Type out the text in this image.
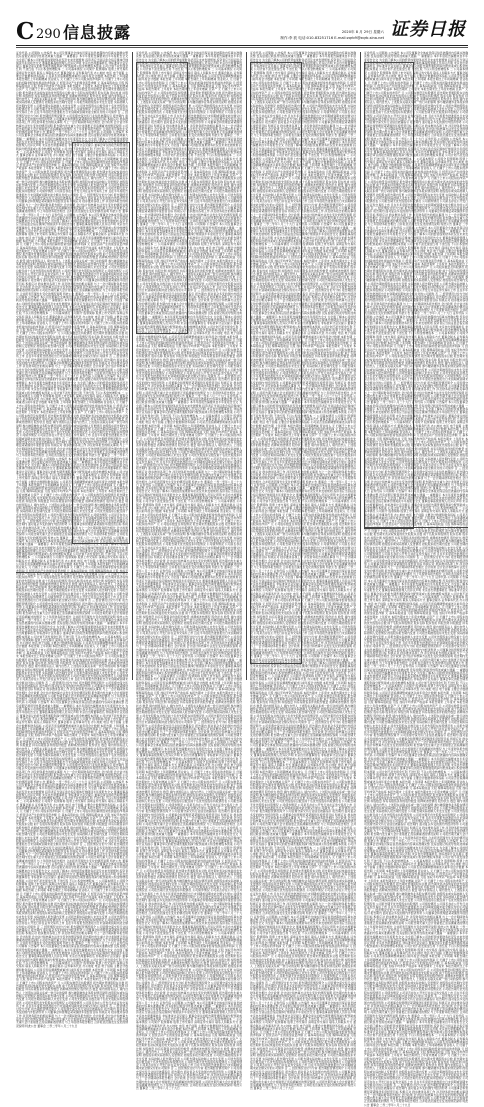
C 290 信息披露	2020年 8 月 29日 星期六
制作:李 波 电话:010-83251716 E-mail:zqrb9@zqrb.sina.net 证券日报
证券代码 公司简称 公告编号 本公司及董事会全体成员保证信息披露的内容真实准确完整 没有虚假记载误导性陈述或重大遗漏 一 重要提示 本半年度报告摘要来自半年度报告全文 为全面了解本公司的经营成果财务状况及未来发展规划 投资者应当到证监会指定媒体仔细阅读半年度报告全文 董事监事高级管理人员异议声明 未亲自出席董事姓名 非标准审计意见提示 董事会审议的报告期普通股利润分配预案或公积金转增股本预案 公司计划不派发现金红利 不送红股 不以公积金转增股本 二 公司基本情况 公司简介 股票简称 股票上市交易所 深圳证券交易所 联系人和联系方式 董事会秘书 证券事务代表 办公地址 电话 电子信箱 主要会计数据和财务指标 公司是否需追溯调整或重述以前年度会计数据 本报告期 上年同期 本报告期比上年同期增减 营业收入 元 归属于上市公司股东的净利润 元 归属于上市公司股东的扣除非经常性损益的净利润 元 经营活动产生的现金流量净额 元 基本每股收益 元股 稀释每股收益 元股 加权平均净资产收益率 本报告期末 上年度末 本报告期末比上年度末增减 总资产 元 归属于上市公司股东的净资产 元 公司股东数量及持股情况 报告期末普通股股东总数 报告期末表决权恢复的优先股股东总数 前十名股东持股情况 股东名称 股东性质 持股比例 持股数量 持有有限售条件的股份数量 质押或冻结情况 股份状态 数量 境内非国有法人 境内自然人 上述股东关联关系或一致行动的说明 参与融资融券业务股东情况说明 控股股东或实际控制人变更情况 控股股东报告期内变更 公司报告期控股股东未发生变更 实际控制人报告期内变更 公司报告期实际控制人未发生变更 公司优先股股东总数及前十名优先股股东持股情况表 公司报告期无优先股股东持股情况 公司债券情况 公司是否存在公开发行并在证券交易所上市 且在半年度报告批准报出日未到期或到期未能全额兑付的公司债券 否 三 经营情况讨论与分析 报告期经营情况简介 公司需遵守深交所行业信息披露指引 报告期内 面对复杂多变的国内外经济形势 公司董事会和管理层紧紧围绕年度经营目标 积极应对 稳步推进各项工作 涉及财务报告的相关事项 与上一会计期间财务报告相比 会计政策 会计估计和核算方法发生变化的情况说明 报告期内发生重大会计差错更正需追溯重述的情况说明 公司报告期无重大会计差错更正需追溯重述的情况 与上年度财务报告相比 合并报表范围发生变化的情况说明 特此公告 董事会 二零二零年八月二十九日 证券代码 公司简称 公告编号 本公司及董事会全体成员保证信息披露的内容真实准确完整 没有虚假记载误导性陈述或重大遗漏 一 重要提示 本半年度报告摘要来自半年度报告全文 为全面了解本公司的经营成果财务状况及未来发展规划 投资者应当到证监会指定媒体仔细阅读半年度报告全文 董事监事高级管理人员异议声明 未亲自出席董事姓名 非标准审计意见提示 董事会审议的报告期普通股利润分配预案或公积金转增股本预案 公司计划不派发现金红利 不送红股 不以公积金转增股本 二 公司基本情况 公司简介 股票简称 股票上市交易所 深圳证券交易所 联系人和联系方式 董事会秘书 证券事务代表 办公地址 电话 电子信箱 主要会计数据和财务指标 公司是否需追溯调整或重述以前年度会计数据 本报告期 上年同期 本报告期比上年同期增减 营业收入 元 归属于上市公司股东的净利润 元 归属于上市公司股东的扣除非经常性损益的净利润 元 经营活动产生的现金流量净额 元 基本每股收益 元股 稀释每股收益 元股 加权平均净资产收益率 本报告期末 上年度末 本报告期末比上年度末增减 总资产 元 归属于上市公司股东的净资产 元 公司股东数量及持股情况 报告期末普通股股东总数 报告期末表决权恢复的优先股股东总数 前十名股东持股情况 股东名称 股东性质 持股比例 持股数量 持有有限售条件的股份数量 质押或冻结情况 股份状态 数量 境内非国有法人 境内自然人 上述股东关联关系或一致行动的说明 参与融资融券业务股东情况说明 控股股东或实际控制人变更情况 控股股东报告期内变更 公司报告期控股股东未发生变更 实际控制人报告期内变更 公司报告期实际控制人未发生变更 公司优先股股东总数及前十名优先股股东持股情况表 公司报告期无优先股股东持股情况 公司债券情况 公司是否存在公开发行并在证券交易所上市 且在半年度报告批准报出日未到期或到期未能全额兑付的公司债券 否 三 经营情况讨论与分析 报告期经营情况简介 公司需遵守深交所行业信息披露指引 报告期内 面对复杂多变的国内外经济形势 公司董事会和管理层紧紧围绕年度经营目标 积极应对 稳步推进各项工作 涉及财务报告的相关事项 与上一会计期间财务报告相比 会计政策 会计估计和核算方法发生变化的情况说明 报告期内发生重大会计差错更正需追溯重述的情况说明 公司报告期无重大会计差错更正需追溯重述的情况 与上年度财务报告相比 合并报表范围发生变化的情况说明 特此公告 董事会 二零二零年八月二十九日 证券代码 公司简称 公告编号 本公司及董事会全体成员保证信息披露的内容真实准确完整 没有虚假记载误导性陈述或重大遗漏 一 重要提示 本半年度报告摘要来自半年度报告全文 为全面了解本公司的经营成果财务状况及未来发展规划 投资者应当到证监会指定媒体仔细阅读半年度报告全文 董事监事高级管理人员异议声明 未亲自出席董事姓名 非标准审计意见提示 董事会审议的报告期普通股利润分配预案或公积金转增股本预案 公司计划不派发现金红利 不送红股 不以公积金转增股本 二 公司基本情况 公司简介 股票简称 股票上市交易所 深圳证券交易所 联系人和联系方式 董事会秘书 证券事务代表 办公地址 电话 电子信箱 主要会计数据和财务指标 公司是否需追溯调整或重述以前年度会计数据 本报告期 上年同期 本报告期比上年同期增减 营业收入 元 归属于上市公司股东的净利润 元 归属于上市公司股东的扣除非经常性损益的净利润 元 经营活动产生的现金流量净额 元 基本每股收益 元股 稀释每股收益 元股 加权平均净资产收益率 本报告期末 上年度末 本报告期末比上年度末增减 总资产 元 归属于上市公司股东的净资产 元 公司股东数量及持股情况 报告期末普通股股东总数 报告期末表决权恢复的优先股股东总数 前十名股东持股情况 股东名称 股东性质 持股比例 持股数量 持有有限售条件的股份数量 质押或冻结情况 股份状态 数量 境内非国有法人 境内自然人 上述股东关联关系或一致行动的说明 参与融资融券业务股东情况说明 控股股东或实际控制人变更情况 控股股东报告期内变更 公司报告期控股股东未发生变更 实际控制人报告期内变更 公司报告期实际控制人未发生变更 公司优先股股东总数及前十名优先股股东持股情况表 公司报告期无优先股股东持股情况 公司债券情况 公司是否存在公开发行并在证券交易所上市 且在半年度报告批准报出日未到期或到期未能全额兑付的公司债券 否 三 经营情况讨论与分析 报告期经营情况简介 公司需遵守深交所行业信息披露指引 报告期内 面对复杂多变的国内外经济形势 公司董事会和管理层紧紧围绕年度经营目标 积极应对 稳步推进各项工作 涉及财务报告的相关事项 与上一会计期间财务报告相比 会计政策 会计估计和核算方法发生变化的情况说明 报告期内发生重大会计差错更正需追溯重述的情况说明 公司报告期无重大会计差错更正需追溯重述的情况 与上年度财务报告相比 合并报表范围发生变化的情况说明 特此公告 董事会 二零二零年八月二十九日 证券代码 公司简称 公告编号 本公司及董事会全体成员保证信息披露的内容真实准确完整 没有虚假记载误导性陈述或重大遗漏 一 重要提示 本半年度报告摘要来自半年度报告全文 为全面了解本公司的经营成果财务状况及未来发展规划 投资者应当到证监会指定媒体仔细阅读半年度报告全文 董事监事高级管理人员异议声明 未亲自出席董事姓名 非标准审计意见提示 董事会审议的报告期普通股利润分配预案或公积金转增股本预案 公司计划不派发现金红利 不送红股 不以公积金转增股本 二 公司基本情况 公司简介 股票简称 股票上市交易所 深圳证券交易所 联系人和联系方式 董事会秘书 证券事务代表 办公地址 电话 电子信箱 主要会计数据和财务指标 公司是否需追溯调整或重述以前年度会计数据 本报告期 上年同期 本报告期比上年同期增减 营业收入 元 归属于上市公司股东的净利润 元 归属于上市公司股东的扣除非经常性损益的净利润 元 经营活动产生的现金流量净额 元 基本每股收益 元股 稀释每股收益 元股 加权平均净资产收益率 本报告期末 上年度末 本报告期末比上年度末增减 总资产 元 归属于上市公司股东的净资产 元 公司股东数量及持股情况 报告期末普通股股东总数 报告期末表决权恢复的优先股股东总数 前十名股东持股情况 股东名称 股东性质 持股比例 持股数量 持有有限售条件的股份数量 质押或冻结情况 股份状态 数量 境内非国有法人 境内自然人 上述股东关联关系或一致行动的说明 参与融资融券业务股东情况说明 控股股东或实际控制人变更情况 控股股东报告期内变更 公司报告期控股股东未发生变更 实际控制人报告期内变更 公司报告期实际控制人未发生变更 公司优先股股东总数及前十名优先股股东持股情况表 公司报告期无优先股股东持股情况 公司债券情况 公司是否存在公开发行并在证券交易所上市 且在半年度报告批准报出日未到期或到期未能全额兑付的公司债券 否 三 经营情况讨论与分析 报告期经营情况简介 公司需遵守深交所行业信息披露指引 报告期内 面对复杂多变的国内外经济形势 公司董事会和管理层紧紧围绕年度经营目标 积极应对 稳步推进各项工作 涉及财务报告的相关事项 与上一会计期间财务报告相比 会计政策 会计估计和核算方法发生变化的情况说明 报告期内发生重大会计差错更正需追溯重述的情况说明 公司报告期无重大会计差错更正需追溯重述的情况 与上年度财务报告相比 合并报表范围发生变化的情况说明 特此公告 董事会 二零二零年八月二十九日 证券代码 公司简称 公告编号 本公司及董事会全体成员保证信息披露的内容真实准确完整 没有虚假记载误导性陈述或重大遗漏 一 重要提示 本半年度报告摘要来自半年度报告全文 为全面了解本公司的经营成果财务状况及未来发展规划 投资者应当到证监会指定媒体仔细阅读半年度报告全文 董事监事高级管理人员异议声明 未亲自出席董事姓名 非标准审计意见提示 董事会审议的报告期普通股利润分配预案或公积金转增股本预案 公司计划不派发现金红利 不送红股 不以公积金转增股本 二 公司基本情况 公司简介 股票简称 股票上市交易所 深圳证券交易所 联系人和联系方式 董事会秘书 证券事务代表 办公地址 电话 电子信箱 主要会计数据和财务指标 公司是否需追溯调整或重述以前年度会计数据 本报告期 上年同期 本报告期比上年同期增减 营业收入 元 归属于上市公司股东的净利润 元 归属于上市公司股东的扣除非经常性损益的净利润 元 经营活动产生的现金流量净额 元 基本每股收益 元股 稀释每股收益 元股 加权平均净资产收益率 本报告期末 上年度末 本报告期末比上年度末增减 总资产 元 归属于上市公司股东的净资产 元 公司股东数量及持股情况 报告期末普通股股东总数 报告期末表决权恢复的优先股股东总数 前十名股东持股情况 股东名称 股东性质 持股比例 持股数量 持有有限售条件的股份数量 质押或冻结情况 股份状态 数量 境内非国有法人 境内自然人 上述股东关联关系或一致行动的说明 参与融资融券业务股东情况说明 控股股东或实际控制人变更情况 控股股东报告期内变更 公司报告期控股股东未发生变更 实际控制人报告期内变更 公司报告期实际控制人未发生变更 公司优先股股东总数及前十名优先股股东持股情况表 公司报告期无优先股股东持股情况 公司债券情况 公司是否存在公开发行并在证券交易所上市 且在半年度报告批准报出日未到期或到期未能全额兑付的公司债券 否 三 经营情况讨论与分析 报告期经营情况简介 公司需遵守深交所行业信息披露指引 报告期内 面对复杂多变的国内外经济形势 公司董事会和管理层紧紧围绕年度经营目标 积极应对 稳步推进各项工作 涉及财务报告的相关事项 与上一会计期间财务报告相比 会计政策 会计估计和核算方法发生变化的情况说明 报告期内发生重大会计差错更正需追溯重述的情况说明 公司报告期无重大会计差错更正需追溯重述的情况 与上年度财务报告相比 合并报表范围发生变化的情况说明 特此公告 董事会 二零二零年八月二十九日 证券代码 公司简称 公告编号 本公司及董事会全体成员保证信息披露的内容真实准确完整 没有虚假记载误导性陈述或重大遗漏 一 重要提示 本半年度报告摘要来自半年度报告全文 为全面了解本公司的经营成果财务状况及未来发展规划 投资者应当到证监会指定媒体仔细阅读半年度报告全文 董事监事高级管理人员异议声明 未亲自出席董事姓名 非标准审计意见提示 董事会审议的报告期普通股利润分配预案或公积金转增股本预案 公司计划不派发现金红利 不送红股 不以公积金转增股本 二 公司基本情况 公司简介 股票简称 股票上市交易所 深圳证券交易所 联系人和联系方式 董事会秘书 证券事务代表 办公地址 电话 电子信箱 主要会计数据和财务指标 公司是否需追溯调整或重述以前年度会计数据 本报告期 上年同期 本报告期比上年同期增减 营业收入 元 归属于上市公司股东的净利润 元 归属于上市公司股东的扣除非经常性损益的净利润 元 经营活动产生的现金流量净额 元 基本每股收益 元股 稀释每股收益 元股 加权平均净资产收益率 本报告期末 上年度末 本报告期末比上年度末增减 总资产 元 归属于上市公司股东的净资产 元 公司股东数量及持股情况 报告期末普通股股东总数 报告期末表决权恢复的优先股股东总数 前十名股东持股情况 股东名称 股东性质 持股比例 持股数量 持有有限售条件的股份数量 质押或冻结情况 股份状态 数量 境内非国有法人 境内自然人 上述股东关联关系或一致行动的说明 参与融资融券业务股东情况说明 控股股东或实际控制人变更情况 控股股东报告期内变更 公司报告期控股股东未发生变更 实际控制人报告期内变更 公司报告期实际控制人未发生变更 公司优先股股东总数及前十名优先股股东持股情况表 公司报告期无优先股股东持股情况 公司债券情况 公司是否存在公开发行并在证券交易所上市 且在半年度报告批准报出日未到期或到期未能全额兑付的公司债券 否 三 经营情况讨论与分析 报告期经营情况简介 公司需遵守深交所行业信息披露指引 报告期内 面对复杂多变的国内外经济形势 公司董事会和管理层紧紧围绕年度经营目标 积极应对 稳步推进各项工作 涉及财务报告的相关事项 与上一会计期间财务报告相比 会计政策 会计估计和核算方法发生变化的情况说明 报告期内发生重大会计差错更正需追溯重述的情况说明 公司报告期无重大会计差错更正需追溯重述的情况 与上年度财务报告相比 合并报表范围发生变化的情况说明 特此公告 董事会 二零二零年八月二十九日 证券代码 公司简称 公告编号 本公司及董事会全体成员保证信息披露的内容真实准确完整 没有虚假记载误导性陈述或重大遗漏 一 重要提示 本半年度报告摘要来自半年度报告全文 为全面了解本公司的经营成果财务状况及未来发展规划 投资者应当到证监会指定媒体仔细阅读半年度报告全文 董事监事高级管理人员异议声明 未亲自出席董事姓名 非标准审计意见提示 董事会审议的报告期普通股利润分配预案或公积金转增股本预案 公司计划不派发现金红利 不送红股 不以公积金转增股本 二 公司基本情况 公司简介 股票简称 股票上市交易所 深圳证券交易所 联系人和联系方式 董事会秘书 证券事务代表 办公地址 电话 电子信箱 主要会计数据和财务指标 公司是否需追溯调整或重述以前年度会计数据 本报告期 上年同期 本报告期比上年同期增减 营业收入 元 归属于上市公司股东的净利润 元 归属于上市公司股东的扣除非经常性损益的净利润 元 经营活动产生的现金流量净额 元 基本每股收益 元股 稀释每股收益 元股 加权平均净资产收益率 本报告期末 上年度末 本报告期末比上年度末增减 总资产 元 归属于上市公司股东的净资产 元 公司股东数量及持股情况 报告期末普通股股东总数 报告期末表决权恢复的优先股股东总数 前十名股东持股情况 股东名称 股东性质 持股比例 持股数量 持有有限售条件的股份数量 质押或冻结情况 股份状态 数量 境内非国有法人 境内自然人 上述股东关联关系或一致行动的说明 参与融资融券业务股东情况说明 控股股东或实际控制人变更情况 控股股东报告期内变更 公司报告期控股股东未发生变更 实际控制人报告期内变更 公司报告期实际控制人未发生变更 公司优先股股东总数及前十名优先股股东持股情况表 公司报告期无优先股股东持股情况 公司债券情况 公司是否存在公开发行并在证券交易所上市 且在半年度报告批准报出日未到期或到期未能全额兑付的公司债券 否 三 经营情况讨论与分析 报告期经营情况简介 公司需遵守深交所行业信息披露指引 报告期内 面对复杂多变的国内外经济形势 公司董事会和管理层紧紧围绕年度经营目标 积极应对 稳步推进各项工作 涉及财务报告的相关事项 与上一会计期间财务报告相比 会计政策 会计估计和核算方法发生变化的情况说明 报告期内发生重大会计差错更正需追溯重述的情况说明 公司报告期无重大会计差错更正需追溯重述的情况 与上年度财务报告相比 合并报表范围发生变化的情况说明 特此公告 董事会 二零二零年八月二十九日 证券代码 公司简称 公告编号 本公司及董事会全体成员保证信息披露的内容真实准确完整 没有虚假记载误导性陈述或重大遗漏 一 重要提示 本半年度报告摘要来自半年度报告全文 为全面了解本公司的经营成果财务状况及未来发展规划 投资者应当到证监会指定媒体仔细阅读半年度报告全文 董事监事高级管理人员异议声明 未亲自出席董事姓名 非标准审计意见提示 董事会审议的报告期普通股利润分配预案或公积金转增股本预案 公司计划不派发现金红利 不送红股 不以公积金转增股本 二 公司基本情况 公司简介 股票简称 股票上市交易所 深圳证券交易所 联系人和联系方式 董事会秘书 证券事务代表 办公地址 电话 电子信箱 主要会计数据和财务指标 公司是否需追溯调整或重述以前年度会计数据 本报告期 上年同期 本报告期比上年同期增减 营业收入 元 归属于上市公司股东的净利润 元 归属于上市公司股东的扣除非经常性损益的净利润 元 经营活动产生的现金流量净额 元 基本每股收益 元股 稀释每股收益 元股 加权平均净资产收益率 本报告期末 上年度末 本报告期末比上年度末增减 总资产 元 归属于上市公司股东的净资产 元 公司股东数量及持股情况 报告期末普通股股东总数 报告期末表决权恢复的优先股股东总数 前十名股东持股情况 股东名称 股东性质 持股比例 持股数量 持有有限售条件的股份数量 质押或冻结情况 股份状态 数量 境内非国有法人 境内自然人 上述股东关联关系或一致行动的说明 参与融资融券业务股东情况说明 控股股东或实际控制人变更情况 控股股东报告期内变更 公司报告期控股股东未发生变更 实际控制人报告期内变更 公司报告期实际控制人未发生变更 公司优先股股东总数及前十名优先股股东持股情况表 公司报告期无优先股股东持股情况 公司债券情况 公司是否存在公开发行并在证券交易所上市 且在半年度报告批准报出日未到期或到期未能全额兑付的公司债券 否 三 经营情况讨论与分析 报告期经营情况简介 公司需遵守深交所行业信息披露指引 报告期内 面对复杂多变的国内外经济形势 公司董事会和管理层紧紧围绕年度经营目标 积极应对 稳步推进各项工作 涉及财务报告的相关事项 与上一会计期间财务报告相比 会计政策 会计估计和核算方法发生变化的情况说明 报告期内发生重大会计差错更正需追溯重述的情况说明 公司报告期无重大会计差错更正需追溯重述的情况 与上年度财务报告相比 合并报表范围发生变化的情况说明 特此公告 董事会 二零二零年八月二十九日 证券代码 公司简称 公告编号 本公司及董事会全体成员保证信息披露的内容真实准确完整 没有虚假记载误导性陈述或重大遗漏 一 重要提示 本半年度报告摘要来自半年度报告全文 为全面了解本公司的经营成果财务状况及未来发展规划 投资者应当到证监会指定媒体仔细阅读半年度报告全文 董事监事高级管理人员异议声明 未亲自出席董事姓名 非标准审计意见提示 董事会审议的报告期普通股利润分配预案或公积金转增股本预案 公司计划不派发现金红利 不送红股 不以公积金转增股本 二 公司基本情况 公司简介 股票简称 股票上市交易所 深圳证券交易所 联系人和联系方式 董事会秘书 证券事务代表 办公地址 电话 电子信箱 主要会计数据和财务指标 公司是否需追溯调整或重述以前年度会计数据 本报告期 上年同期 本报告期比上年同期增减 营业收入 元 归属于上市公司股东的净利润 元 归属于上市公司股东的扣除非经常性损益的净利润 元 经营活动产生的现金流量净额 元 基本每股收益 元股 稀释每股收益 元股 加权平均净资产收益率 本报告期末 上年度末 本报告期末比上年度末增减 总资产 元 归属于上市公司股东的净资产 元 公司股东数量及持股情况 报告期末普通股股东总数 报告期末表决权恢复的优先股股东总数 前十名股东持股情况 股东名称 股东性质 持股比例 持股数量 持有有限售条件的股份数量 质押或冻结情况 股份状态 数量 境内非国有法人 境内自然人 上述股东关联关系或一致行动的说明 参与融资融券业务股东情况说明 控股股东或实际控制人变更情况 控股股东报告期内变更 公司报告期控股股东未发生变更 实际控制人报告期内变更 公司报告期实际控制人未发生变更 公司优先股股东总数及前十名优先股股东持股情况表 公司报告期无优先股股东持股情况 公司债券情况 公司是否存在公开发行并在证券交易所上市 且在半年度报告批准报出日未到期或到期未能全额兑付的公司债券 否 三 经营情况讨论与分析 报告期经营情况简介 公司需遵守深交所行业信息披露指引 报告期内 面对复杂多变的国内外经济形势 公司董事会和管理层紧紧围绕年度经营目标 积极应对 稳步推进各项工作 涉及财务报告的相关事项 与上一会计期间财务报告相比 会计政策 会计估计和核算方法发生变化的情况说明 报告期内发生重大会计差错更正需追溯重述的情况说明 公司报告期无重大会计差错更正需追溯重述的情况 与上年度财务报告相比 合并报表范围发生变化的情况说明 特此公告 董事会 二零二零年八月二十九日 证券代码 公司简称 公告编号 本公司及董事会全体成员保证信息披露的内容真实准确完整 没有虚假记载误导性陈述或重大遗漏 一 重要提示 本半年度报告摘要来自半年度报告全文 为全面了解本公司的经营成果财务状况及未来发展规划 投资者应当到证监会指定媒体仔细阅读半年度报告全文 董事监事高级管理人员异议声明 未亲自出席董事姓名 非标准审计意见提示 董事会审议的报告期普通股利润分配预案或公积金转增股本预案 公司计划不派发现金红利 不送红股 不以公积金转增股本 二 公司基本情况 公司简介 股票简称 股票上市交易所 深圳证券交易所 联系人和联系方式 董事会秘书 证券事务代表 办公地址 电话 电子信箱 主要会计数据和财务指标 公司是否需追溯调整或重述以前年度会计数据 本报告期 上年同期 本报告期比上年同期增减 营业收入 元 归属于上市公司股东的净利润 元 归属于上市公司股东的扣除非经常性损益的净利润 元 经营活动产生的现金流量净额 元 基本每股收益 元股 稀释每股收益 元股 加权平均净资产收益率 本报告期末 上年度末 本报告期末比上年度末增减 总资产 元 归属于上市公司股东的净资产 元 公司股东数量及持股情况 报告期末普通股股东总数 报告期末表决权恢复的优先股股东总数 前十名股东持股情况 股东名称 股东性质 持股比例 持股数量 持有有限售条件的股份数量 质押或冻结情况 股份状态 数量 境内非国有法人 境内自然人 上述股东关联关系或一致行动的说明 参与融资融券业务股东情况说明 控股股东或实际控制人变更情况 控股股东报告期内变更 公司报告期控股股东未发生变更 实际控制人报告期内变更 公司报告期实际控制人未发生变更 公司优先股股东总数及前十名优先股股东持股情况表 公司报告期无优先股股东持股情况 公司债券情况 公司是否存在公开发行并在证券交易所上市 且在半年度报告批准报出日未到期或到期未能全额兑付的公司债券 否 三 经营情况讨论与分析 报告期经营情况简介 公司需遵守深交所行业信息披露指引 报告期内 面对复杂多变的国内外经济形势 公司董事会和管理层紧紧围绕年度经营目标 积极应对 稳步推进各项工作 涉及财务报告的相关事项 与上一会计期间财务报告相比 会计政策 会计估计和核算方法发生变化的情况说明 报告期内发生重大会计差错更正需追溯重述的情况说明 公司报告期无重大会计差错更正需追溯重述的情况 与上年度财务报告相比 合并报表范围发生变化的情况说明 特此公告 董事会 二零二零年八月二十九日 证券代码 公司简称 公告编号 本公司及董事会全体成员保证信息披露的内容真实准确完整 没有虚假记载误导性陈述或重大遗漏 一 重要提示 本半年度报告摘要来自半年度报告全文 为全面了解本公司的经营成果财务状况及未来发展规划 投资者应当到证监会指定媒体仔细阅读半年度报告全文 董事监事高级管理人员异议声明 未亲自出席董事姓名 非标准审计意见提示 董事会审议的报告期普通股利润分配预案或公积金转增股本预案 公司计划不派发现金红利 不送红股 不以公积金转增股本 二 公司基本情况 公司简介 股票简称 股票上市交易所 深圳证券交易所 联系人和联系方式 董事会秘书 证券事务代表 办公地址 电话 电子信箱 主要会计数据和财务指标 公司是否需追溯调整或重述以前年度会计数据 本报告期 上年同期 本报告期比上年同期增减 营业收入 元 归属于上市公司股东的净利润 元 归属于上市公司股东的扣除非经常性损益的净利润 元 经营活动产生的现金流量净额 元 基本每股收益 元股 稀释每股收益 元股 加权平均净资产收益率 本报告期末 上年度末 本报告期末比上年度末增减 总资产 元 归属于上市公司股东的净资产 元 公司股东数量及持股情况 报告期末普通股股东总数 报告期末表决权恢复的优先股股东总数 前十名股东持股情况 股东名称 股东性质 持股比例 持股数量 持有有限售条件的股份数量 质押或冻结情况 股份状态 数量 境内非国有法人 境内自然人 上述股东关联关系或一致行动的说明 参与融资融券业务股东情况说明 控股股东或实际控制人变更情况 控股股东报告期内变更 公司报告期控股股东未发生变更 实际控制人报告期内变更 公司报告期实际控制人未发生变更 公司优先股股东总数及前十名优先股股东持股情况表 公司报告期无优先股股东持股情况 公司债券情况 公司是否存在公开发行并在证券交易所上市 且在半年度报告批准报出日未到期或到期未能全额兑付的公司债券 否 三 经营情况讨论与分析 报告期经营情况简介 公司需遵守深交所行业信息披露指引 报告期内 面对复杂多变的国内外经济形势 公司董事会和管理层紧紧围绕年度经营目标 积极应对 稳步推进各项工作 涉及财务报告的相关事项 与上一会计期间财务报告相比 会计政策 会计估计和核算方法发生变化的情况说明 报告期内发生重大会计差错更正需追溯重述的情况说明 公司报告期无重大会计差错更正需追溯重述的情况 与上年度财务报告相比 合并报表范围发生变化的情况说明 特此公告 董事会 二零二零年八月二十九日 证券代码 公司简称 公告编号 本公司及董事会全体成员保证信息披露的内容真实准确完整 没有虚假记载误导性陈述或重大遗漏 一 重要提示 本半年度报告摘要来自半年度报告全文 为全面了解本公司的经营成果财务状况及未来发展规划 投资者应当到证监会指定媒体仔细阅读半年度报告全文 董事监事高级管理人员异议声明 未亲自出席董事姓名 非标准审计意见提示 董事会审议的报告期普通股利润分配预案或公积金转增股本预案 公司计划不派发现金红利 不送红股 不以公积金转增股本 二 公司基本情况 公司简介 股票简称 股票上市交易所 深圳证券交易所 联系人和联系方式 董事会秘书 证券事务代表 办公地址 电话 电子信箱 主要会计数据和财务指标 公司是否需追溯调整或重述以前年度会计数据 本报告期 上年同期 本报告期比上年同期增减 营业收入 元 归属于上市公司股东的净利润 元 归属于上市公司股东的扣除非经常性损益的净利润 元 经营活动产生的现金流量净额 元 基本每股收益 元股 稀释每股收益 元股 加权平均净资产收益率 本报告期末 上年度末 本报告期末比上年度末增减 总资产 元 归属于上市公司股东的净资产 元 公司股东数量及持股情况 报告期末普通股股东总数 报告期末表决权恢复的优先股股东总数 前十名股东持股情况 股东名称 股东性质 持股比例 持股数量 持有有限售条件的股份数量 质押或冻结情况 股份状态 数量 境内非国有法人 境内自然人 上述股东关联关系或一致行动的说明 参与融资融券业务股东情况说明 控股股东或实际控制人变更情况 控股股东报告期内变更 公司报告期控股股东未发生变更 实际控制人报告期内变更 公司报告期实际控制人未发生变更 公司优先股股东总数及前十名优先股股东持股情况表 公司报告期无优先股股东持股情况 公司债券情况 公司是否存在公开发行并在证券交易所上市 且在半年度报告批准报出日未到期或到期未能全额兑付的公司债券 否 三 经营情况讨论与分析 报告期经营情况简介 公司需遵守深交所行业信息披露指引 报告期内 面对复杂多变的国内外经济形势 公司董事会和管理层紧紧围绕年度经营目标 积极应对 稳步推进各项工作 涉及财务报告的相关事项 与上一会计期间财务报告相比 会计政策 会计估计和核算方法发生变化的情况说明 报告期内发生重大会计差错更正需追溯重述的情况说明 公司报告期无重大会计差错更正需追溯重述的情况 与上年度财务报告相比 合并报表范围发生变化的情况说明 特此公告 董事会 二零二零年八月二十九日
证券代码 公司简称 公告编号 本公司及董事会全体成员保证信息披露的内容真实准确完整 没有虚假记载误导性陈述或重大遗漏 一 重要提示 本半年度报告摘要来自半年度报告全文 为全面了解本公司的经营成果财务状况及未来发展规划 投资者应当到证监会指定媒体仔细阅读半年度报告全文 董事监事高级管理人员异议声明 未亲自出席董事姓名 非标准审计意见提示 董事会审议的报告期普通股利润分配预案或公积金转增股本预案 公司计划不派发现金红利 不送红股 不以公积金转增股本 二 公司基本情况 公司简介 股票简称 股票上市交易所 深圳证券交易所 联系人和联系方式 董事会秘书 证券事务代表 办公地址 电话 电子信箱 主要会计数据和财务指标 公司是否需追溯调整或重述以前年度会计数据 本报告期 上年同期 本报告期比上年同期增减 营业收入 元 归属于上市公司股东的净利润 元 归属于上市公司股东的扣除非经常性损益的净利润 元 经营活动产生的现金流量净额 元 基本每股收益 元股 稀释每股收益 元股 加权平均净资产收益率 本报告期末 上年度末 本报告期末比上年度末增减 总资产 元 归属于上市公司股东的净资产 元 公司股东数量及持股情况 报告期末普通股股东总数 报告期末表决权恢复的优先股股东总数 前十名股东持股情况 股东名称 股东性质 持股比例 持股数量 持有有限售条件的股份数量 质押或冻结情况 股份状态 数量 境内非国有法人 境内自然人 上述股东关联关系或一致行动的说明 参与融资融券业务股东情况说明 控股股东或实际控制人变更情况 控股股东报告期内变更 公司报告期控股股东未发生变更 实际控制人报告期内变更 公司报告期实际控制人未发生变更 公司优先股股东总数及前十名优先股股东持股情况表 公司报告期无优先股股东持股情况 公司债券情况 公司是否存在公开发行并在证券交易所上市 且在半年度报告批准报出日未到期或到期未能全额兑付的公司债券 否 三 经营情况讨论与分析 报告期经营情况简介 公司需遵守深交所行业信息披露指引 报告期内 面对复杂多变的国内外经济形势 公司董事会和管理层紧紧围绕年度经营目标 积极应对 稳步推进各项工作 涉及财务报告的相关事项 与上一会计期间财务报告相比 会计政策 会计估计和核算方法发生变化的情况说明 报告期内发生重大会计差错更正需追溯重述的情况说明 公司报告期无重大会计差错更正需追溯重述的情况 与上年度财务报告相比 合并报表范围发生变化的情况说明 特此公告 董事会 二零二零年八月二十九日 证券代码 公司简称 公告编号 本公司及董事会全体成员保证信息披露的内容真实准确完整 没有虚假记载误导性陈述或重大遗漏 一 重要提示 本半年度报告摘要来自半年度报告全文 为全面了解本公司的经营成果财务状况及未来发展规划 投资者应当到证监会指定媒体仔细阅读半年度报告全文 董事监事高级管理人员异议声明 未亲自出席董事姓名 非标准审计意见提示 董事会审议的报告期普通股利润分配预案或公积金转增股本预案 公司计划不派发现金红利 不送红股 不以公积金转增股本 二 公司基本情况 公司简介 股票简称 股票上市交易所 深圳证券交易所 联系人和联系方式 董事会秘书 证券事务代表 办公地址 电话 电子信箱 主要会计数据和财务指标 公司是否需追溯调整或重述以前年度会计数据 本报告期 上年同期 本报告期比上年同期增减 营业收入 元 归属于上市公司股东的净利润 元 归属于上市公司股东的扣除非经常性损益的净利润 元 经营活动产生的现金流量净额 元 基本每股收益 元股 稀释每股收益 元股 加权平均净资产收益率 本报告期末 上年度末 本报告期末比上年度末增减 总资产 元 归属于上市公司股东的净资产 元 公司股东数量及持股情况 报告期末普通股股东总数 报告期末表决权恢复的优先股股东总数 前十名股东持股情况 股东名称 股东性质 持股比例 持股数量 持有有限售条件的股份数量 质押或冻结情况 股份状态 数量 境内非国有法人 境内自然人 上述股东关联关系或一致行动的说明 参与融资融券业务股东情况说明 控股股东或实际控制人变更情况 控股股东报告期内变更 公司报告期控股股东未发生变更 实际控制人报告期内变更 公司报告期实际控制人未发生变更 公司优先股股东总数及前十名优先股股东持股情况表 公司报告期无优先股股东持股情况 公司债券情况 公司是否存在公开发行并在证券交易所上市 且在半年度报告批准报出日未到期或到期未能全额兑付的公司债券 否 三 经营情况讨论与分析 报告期经营情况简介 公司需遵守深交所行业信息披露指引 报告期内 面对复杂多变的国内外经济形势 公司董事会和管理层紧紧围绕年度经营目标 积极应对 稳步推进各项工作 涉及财务报告的相关事项 与上一会计期间财务报告相比 会计政策 会计估计和核算方法发生变化的情况说明 报告期内发生重大会计差错更正需追溯重述的情况说明 公司报告期无重大会计差错更正需追溯重述的情况 与上年度财务报告相比 合并报表范围发生变化的情况说明 特此公告 董事会 二零二零年八月二十九日 证券代码 公司简称 公告编号 本公司及董事会全体成员保证信息披露的内容真实准确完整 没有虚假记载误导性陈述或重大遗漏 一 重要提示 本半年度报告摘要来自半年度报告全文 为全面了解本公司的经营成果财务状况及未来发展规划 投资者应当到证监会指定媒体仔细阅读半年度报告全文 董事监事高级管理人员异议声明 未亲自出席董事姓名 非标准审计意见提示 董事会审议的报告期普通股利润分配预案或公积金转增股本预案 公司计划不派发现金红利 不送红股 不以公积金转增股本 二 公司基本情况 公司简介 股票简称 股票上市交易所 深圳证券交易所 联系人和联系方式 董事会秘书 证券事务代表 办公地址 电话 电子信箱 主要会计数据和财务指标 公司是否需追溯调整或重述以前年度会计数据 本报告期 上年同期 本报告期比上年同期增减 营业收入 元 归属于上市公司股东的净利润 元 归属于上市公司股东的扣除非经常性损益的净利润 元 经营活动产生的现金流量净额 元 基本每股收益 元股 稀释每股收益 元股 加权平均净资产收益率 本报告期末 上年度末 本报告期末比上年度末增减 总资产 元 归属于上市公司股东的净资产 元 公司股东数量及持股情况 报告期末普通股股东总数 报告期末表决权恢复的优先股股东总数 前十名股东持股情况 股东名称 股东性质 持股比例 持股数量 持有有限售条件的股份数量 质押或冻结情况 股份状态 数量 境内非国有法人 境内自然人 上述股东关联关系或一致行动的说明 参与融资融券业务股东情况说明 控股股东或实际控制人变更情况 控股股东报告期内变更 公司报告期控股股东未发生变更 实际控制人报告期内变更 公司报告期实际控制人未发生变更 公司优先股股东总数及前十名优先股股东持股情况表 公司报告期无优先股股东持股情况 公司债券情况 公司是否存在公开发行并在证券交易所上市 且在半年度报告批准报出日未到期或到期未能全额兑付的公司债券 否 三 经营情况讨论与分析 报告期经营情况简介 公司需遵守深交所行业信息披露指引 报告期内 面对复杂多变的国内外经济形势 公司董事会和管理层紧紧围绕年度经营目标 积极应对 稳步推进各项工作 涉及财务报告的相关事项 与上一会计期间财务报告相比 会计政策 会计估计和核算方法发生变化的情况说明 报告期内发生重大会计差错更正需追溯重述的情况说明 公司报告期无重大会计差错更正需追溯重述的情况 与上年度财务报告相比 合并报表范围发生变化的情况说明 特此公告 董事会 二零二零年八月二十九日 证券代码 公司简称 公告编号 本公司及董事会全体成员保证信息披露的内容真实准确完整 没有虚假记载误导性陈述或重大遗漏 一 重要提示 本半年度报告摘要来自半年度报告全文 为全面了解本公司的经营成果财务状况及未来发展规划 投资者应当到证监会指定媒体仔细阅读半年度报告全文 董事监事高级管理人员异议声明 未亲自出席董事姓名 非标准审计意见提示 董事会审议的报告期普通股利润分配预案或公积金转增股本预案 公司计划不派发现金红利 不送红股 不以公积金转增股本 二 公司基本情况 公司简介 股票简称 股票上市交易所 深圳证券交易所 联系人和联系方式 董事会秘书 证券事务代表 办公地址 电话 电子信箱 主要会计数据和财务指标 公司是否需追溯调整或重述以前年度会计数据 本报告期 上年同期 本报告期比上年同期增减 营业收入 元 归属于上市公司股东的净利润 元 归属于上市公司股东的扣除非经常性损益的净利润 元 经营活动产生的现金流量净额 元 基本每股收益 元股 稀释每股收益 元股 加权平均净资产收益率 本报告期末 上年度末 本报告期末比上年度末增减 总资产 元 归属于上市公司股东的净资产 元 公司股东数量及持股情况 报告期末普通股股东总数 报告期末表决权恢复的优先股股东总数 前十名股东持股情况 股东名称 股东性质 持股比例 持股数量 持有有限售条件的股份数量 质押或冻结情况 股份状态 数量 境内非国有法人 境内自然人 上述股东关联关系或一致行动的说明 参与融资融券业务股东情况说明 控股股东或实际控制人变更情况 控股股东报告期内变更 公司报告期控股股东未发生变更 实际控制人报告期内变更 公司报告期实际控制人未发生变更 公司优先股股东总数及前十名优先股股东持股情况表 公司报告期无优先股股东持股情况 公司债券情况 公司是否存在公开发行并在证券交易所上市 且在半年度报告批准报出日未到期或到期未能全额兑付的公司债券 否 三 经营情况讨论与分析 报告期经营情况简介 公司需遵守深交所行业信息披露指引 报告期内 面对复杂多变的国内外经济形势 公司董事会和管理层紧紧围绕年度经营目标 积极应对 稳步推进各项工作 涉及财务报告的相关事项 与上一会计期间财务报告相比 会计政策 会计估计和核算方法发生变化的情况说明 报告期内发生重大会计差错更正需追溯重述的情况说明 公司报告期无重大会计差错更正需追溯重述的情况 与上年度财务报告相比 合并报表范围发生变化的情况说明 特此公告 董事会 二零二零年八月二十九日 证券代码 公司简称 公告编号 本公司及董事会全体成员保证信息披露的内容真实准确完整 没有虚假记载误导性陈述或重大遗漏 一 重要提示 本半年度报告摘要来自半年度报告全文 为全面了解本公司的经营成果财务状况及未来发展规划 投资者应当到证监会指定媒体仔细阅读半年度报告全文 董事监事高级管理人员异议声明 未亲自出席董事姓名 非标准审计意见提示 董事会审议的报告期普通股利润分配预案或公积金转增股本预案 公司计划不派发现金红利 不送红股 不以公积金转增股本 二 公司基本情况 公司简介 股票简称 股票上市交易所 深圳证券交易所 联系人和联系方式 董事会秘书 证券事务代表 办公地址 电话 电子信箱 主要会计数据和财务指标 公司是否需追溯调整或重述以前年度会计数据 本报告期 上年同期 本报告期比上年同期增减 营业收入 元 归属于上市公司股东的净利润 元 归属于上市公司股东的扣除非经常性损益的净利润 元 经营活动产生的现金流量净额 元 基本每股收益 元股 稀释每股收益 元股 加权平均净资产收益率 本报告期末 上年度末 本报告期末比上年度末增减 总资产 元 归属于上市公司股东的净资产 元 公司股东数量及持股情况 报告期末普通股股东总数 报告期末表决权恢复的优先股股东总数 前十名股东持股情况 股东名称 股东性质 持股比例 持股数量 持有有限售条件的股份数量 质押或冻结情况 股份状态 数量 境内非国有法人 境内自然人 上述股东关联关系或一致行动的说明 参与融资融券业务股东情况说明 控股股东或实际控制人变更情况 控股股东报告期内变更 公司报告期控股股东未发生变更 实际控制人报告期内变更 公司报告期实际控制人未发生变更 公司优先股股东总数及前十名优先股股东持股情况表 公司报告期无优先股股东持股情况 公司债券情况 公司是否存在公开发行并在证券交易所上市 且在半年度报告批准报出日未到期或到期未能全额兑付的公司债券 否 三 经营情况讨论与分析 报告期经营情况简介 公司需遵守深交所行业信息披露指引 报告期内 面对复杂多变的国内外经济形势 公司董事会和管理层紧紧围绕年度经营目标 积极应对 稳步推进各项工作 涉及财务报告的相关事项 与上一会计期间财务报告相比 会计政策 会计估计和核算方法发生变化的情况说明 报告期内发生重大会计差错更正需追溯重述的情况说明 公司报告期无重大会计差错更正需追溯重述的情况 与上年度财务报告相比 合并报表范围发生变化的情况说明 特此公告 董事会 二零二零年八月二十九日 证券代码 公司简称 公告编号 本公司及董事会全体成员保证信息披露的内容真实准确完整 没有虚假记载误导性陈述或重大遗漏 一 重要提示 本半年度报告摘要来自半年度报告全文 为全面了解本公司的经营成果财务状况及未来发展规划 投资者应当到证监会指定媒体仔细阅读半年度报告全文 董事监事高级管理人员异议声明 未亲自出席董事姓名 非标准审计意见提示 董事会审议的报告期普通股利润分配预案或公积金转增股本预案 公司计划不派发现金红利 不送红股 不以公积金转增股本 二 公司基本情况 公司简介 股票简称 股票上市交易所 深圳证券交易所 联系人和联系方式 董事会秘书 证券事务代表 办公地址 电话 电子信箱 主要会计数据和财务指标 公司是否需追溯调整或重述以前年度会计数据 本报告期 上年同期 本报告期比上年同期增减 营业收入 元 归属于上市公司股东的净利润 元 归属于上市公司股东的扣除非经常性损益的净利润 元 经营活动产生的现金流量净额 元 基本每股收益 元股 稀释每股收益 元股 加权平均净资产收益率 本报告期末 上年度末 本报告期末比上年度末增减 总资产 元 归属于上市公司股东的净资产 元 公司股东数量及持股情况 报告期末普通股股东总数 报告期末表决权恢复的优先股股东总数 前十名股东持股情况 股东名称 股东性质 持股比例 持股数量 持有有限售条件的股份数量 质押或冻结情况 股份状态 数量 境内非国有法人 境内自然人 上述股东关联关系或一致行动的说明 参与融资融券业务股东情况说明 控股股东或实际控制人变更情况 控股股东报告期内变更 公司报告期控股股东未发生变更 实际控制人报告期内变更 公司报告期实际控制人未发生变更 公司优先股股东总数及前十名优先股股东持股情况表 公司报告期无优先股股东持股情况 公司债券情况 公司是否存在公开发行并在证券交易所上市 且在半年度报告批准报出日未到期或到期未能全额兑付的公司债券 否 三 经营情况讨论与分析 报告期经营情况简介 公司需遵守深交所行业信息披露指引 报告期内 面对复杂多变的国内外经济形势 公司董事会和管理层紧紧围绕年度经营目标 积极应对 稳步推进各项工作 涉及财务报告的相关事项 与上一会计期间财务报告相比 会计政策 会计估计和核算方法发生变化的情况说明 报告期内发生重大会计差错更正需追溯重述的情况说明 公司报告期无重大会计差错更正需追溯重述的情况 与上年度财务报告相比 合并报表范围发生变化的情况说明 特此公告 董事会 二零二零年八月二十九日 证券代码 公司简称 公告编号 本公司及董事会全体成员保证信息披露的内容真实准确完整 没有虚假记载误导性陈述或重大遗漏 一 重要提示 本半年度报告摘要来自半年度报告全文 为全面了解本公司的经营成果财务状况及未来发展规划 投资者应当到证监会指定媒体仔细阅读半年度报告全文 董事监事高级管理人员异议声明 未亲自出席董事姓名 非标准审计意见提示 董事会审议的报告期普通股利润分配预案或公积金转增股本预案 公司计划不派发现金红利 不送红股 不以公积金转增股本 二 公司基本情况 公司简介 股票简称 股票上市交易所 深圳证券交易所 联系人和联系方式 董事会秘书 证券事务代表 办公地址 电话 电子信箱 主要会计数据和财务指标 公司是否需追溯调整或重述以前年度会计数据 本报告期 上年同期 本报告期比上年同期增减 营业收入 元 归属于上市公司股东的净利润 元 归属于上市公司股东的扣除非经常性损益的净利润 元 经营活动产生的现金流量净额 元 基本每股收益 元股 稀释每股收益 元股 加权平均净资产收益率 本报告期末 上年度末 本报告期末比上年度末增减 总资产 元 归属于上市公司股东的净资产 元 公司股东数量及持股情况 报告期末普通股股东总数 报告期末表决权恢复的优先股股东总数 前十名股东持股情况 股东名称 股东性质 持股比例 持股数量 持有有限售条件的股份数量 质押或冻结情况 股份状态 数量 境内非国有法人 境内自然人 上述股东关联关系或一致行动的说明 参与融资融券业务股东情况说明 控股股东或实际控制人变更情况 控股股东报告期内变更 公司报告期控股股东未发生变更 实际控制人报告期内变更 公司报告期实际控制人未发生变更 公司优先股股东总数及前十名优先股股东持股情况表 公司报告期无优先股股东持股情况 公司债券情况 公司是否存在公开发行并在证券交易所上市 且在半年度报告批准报出日未到期或到期未能全额兑付的公司债券 否 三 经营情况讨论与分析 报告期经营情况简介 公司需遵守深交所行业信息披露指引 报告期内 面对复杂多变的国内外经济形势 公司董事会和管理层紧紧围绕年度经营目标 积极应对 稳步推进各项工作 涉及财务报告的相关事项 与上一会计期间财务报告相比 会计政策 会计估计和核算方法发生变化的情况说明 报告期内发生重大会计差错更正需追溯重述的情况说明 公司报告期无重大会计差错更正需追溯重述的情况 与上年度财务报告相比 合并报表范围发生变化的情况说明 特此公告 董事会 二零二零年八月二十九日 证券代码 公司简称 公告编号 本公司及董事会全体成员保证信息披露的内容真实准确完整 没有虚假记载误导性陈述或重大遗漏 一 重要提示 本半年度报告摘要来自半年度报告全文 为全面了解本公司的经营成果财务状况及未来发展规划 投资者应当到证监会指定媒体仔细阅读半年度报告全文 董事监事高级管理人员异议声明 未亲自出席董事姓名 非标准审计意见提示 董事会审议的报告期普通股利润分配预案或公积金转增股本预案 公司计划不派发现金红利 不送红股 不以公积金转增股本 二 公司基本情况 公司简介 股票简称 股票上市交易所 深圳证券交易所 联系人和联系方式 董事会秘书 证券事务代表 办公地址 电话 电子信箱 主要会计数据和财务指标 公司是否需追溯调整或重述以前年度会计数据 本报告期 上年同期 本报告期比上年同期增减 营业收入 元 归属于上市公司股东的净利润 元 归属于上市公司股东的扣除非经常性损益的净利润 元 经营活动产生的现金流量净额 元 基本每股收益 元股 稀释每股收益 元股 加权平均净资产收益率 本报告期末 上年度末 本报告期末比上年度末增减 总资产 元 归属于上市公司股东的净资产 元 公司股东数量及持股情况 报告期末普通股股东总数 报告期末表决权恢复的优先股股东总数 前十名股东持股情况 股东名称 股东性质 持股比例 持股数量 持有有限售条件的股份数量 质押或冻结情况 股份状态 数量 境内非国有法人 境内自然人 上述股东关联关系或一致行动的说明 参与融资融券业务股东情况说明 控股股东或实际控制人变更情况 控股股东报告期内变更 公司报告期控股股东未发生变更 实际控制人报告期内变更 公司报告期实际控制人未发生变更 公司优先股股东总数及前十名优先股股东持股情况表 公司报告期无优先股股东持股情况 公司债券情况 公司是否存在公开发行并在证券交易所上市 且在半年度报告批准报出日未到期或到期未能全额兑付的公司债券 否 三 经营情况讨论与分析 报告期经营情况简介 公司需遵守深交所行业信息披露指引 报告期内 面对复杂多变的国内外经济形势 公司董事会和管理层紧紧围绕年度经营目标 积极应对 稳步推进各项工作 涉及财务报告的相关事项 与上一会计期间财务报告相比 会计政策 会计估计和核算方法发生变化的情况说明 报告期内发生重大会计差错更正需追溯重述的情况说明 公司报告期无重大会计差错更正需追溯重述的情况 与上年度财务报告相比 合并报表范围发生变化的情况说明 特此公告 董事会 二零二零年八月二十九日 证券代码 公司简称 公告编号 本公司及董事会全体成员保证信息披露的内容真实准确完整 没有虚假记载误导性陈述或重大遗漏 一 重要提示 本半年度报告摘要来自半年度报告全文 为全面了解本公司的经营成果财务状况及未来发展规划 投资者应当到证监会指定媒体仔细阅读半年度报告全文 董事监事高级管理人员异议声明 未亲自出席董事姓名 非标准审计意见提示 董事会审议的报告期普通股利润分配预案或公积金转增股本预案 公司计划不派发现金红利 不送红股 不以公积金转增股本 二 公司基本情况 公司简介 股票简称 股票上市交易所 深圳证券交易所 联系人和联系方式 董事会秘书 证券事务代表 办公地址 电话 电子信箱 主要会计数据和财务指标 公司是否需追溯调整或重述以前年度会计数据 本报告期 上年同期 本报告期比上年同期增减 营业收入 元 归属于上市公司股东的净利润 元 归属于上市公司股东的扣除非经常性损益的净利润 元 经营活动产生的现金流量净额 元 基本每股收益 元股 稀释每股收益 元股 加权平均净资产收益率 本报告期末 上年度末 本报告期末比上年度末增减 总资产 元 归属于上市公司股东的净资产 元 公司股东数量及持股情况 报告期末普通股股东总数 报告期末表决权恢复的优先股股东总数 前十名股东持股情况 股东名称 股东性质 持股比例 持股数量 持有有限售条件的股份数量 质押或冻结情况 股份状态 数量 境内非国有法人 境内自然人 上述股东关联关系或一致行动的说明 参与融资融券业务股东情况说明 控股股东或实际控制人变更情况 控股股东报告期内变更 公司报告期控股股东未发生变更 实际控制人报告期内变更 公司报告期实际控制人未发生变更 公司优先股股东总数及前十名优先股股东持股情况表 公司报告期无优先股股东持股情况 公司债券情况 公司是否存在公开发行并在证券交易所上市 且在半年度报告批准报出日未到期或到期未能全额兑付的公司债券 否 三 经营情况讨论与分析 报告期经营情况简介 公司需遵守深交所行业信息披露指引 报告期内 面对复杂多变的国内外经济形势 公司董事会和管理层紧紧围绕年度经营目标 积极应对 稳步推进各项工作 涉及财务报告的相关事项 与上一会计期间财务报告相比 会计政策 会计估计和核算方法发生变化的情况说明 报告期内发生重大会计差错更正需追溯重述的情况说明 公司报告期无重大会计差错更正需追溯重述的情况 与上年度财务报告相比 合并报表范围发生变化的情况说明 特此公告 董事会 二零二零年八月二十九日 证券代码 公司简称 公告编号 本公司及董事会全体成员保证信息披露的内容真实准确完整 没有虚假记载误导性陈述或重大遗漏 一 重要提示 本半年度报告摘要来自半年度报告全文 为全面了解本公司的经营成果财务状况及未来发展规划 投资者应当到证监会指定媒体仔细阅读半年度报告全文 董事监事高级管理人员异议声明 未亲自出席董事姓名 非标准审计意见提示 董事会审议的报告期普通股利润分配预案或公积金转增股本预案 公司计划不派发现金红利 不送红股 不以公积金转增股本 二 公司基本情况 公司简介 股票简称 股票上市交易所 深圳证券交易所 联系人和联系方式 董事会秘书 证券事务代表 办公地址 电话 电子信箱 主要会计数据和财务指标 公司是否需追溯调整或重述以前年度会计数据 本报告期 上年同期 本报告期比上年同期增减 营业收入 元 归属于上市公司股东的净利润 元 归属于上市公司股东的扣除非经常性损益的净利润 元 经营活动产生的现金流量净额 元 基本每股收益 元股 稀释每股收益 元股 加权平均净资产收益率 本报告期末 上年度末 本报告期末比上年度末增减 总资产 元 归属于上市公司股东的净资产 元 公司股东数量及持股情况 报告期末普通股股东总数 报告期末表决权恢复的优先股股东总数 前十名股东持股情况 股东名称 股东性质 持股比例 持股数量 持有有限售条件的股份数量 质押或冻结情况 股份状态 数量 境内非国有法人 境内自然人 上述股东关联关系或一致行动的说明 参与融资融券业务股东情况说明 控股股东或实际控制人变更情况 控股股东报告期内变更 公司报告期控股股东未发生变更 实际控制人报告期内变更 公司报告期实际控制人未发生变更 公司优先股股东总数及前十名优先股股东持股情况表 公司报告期无优先股股东持股情况 公司债券情况 公司是否存在公开发行并在证券交易所上市 且在半年度报告批准报出日未到期或到期未能全额兑付的公司债券 否 三 经营情况讨论与分析 报告期经营情况简介 公司需遵守深交所行业信息披露指引 报告期内 面对复杂多变的国内外经济形势 公司董事会和管理层紧紧围绕年度经营目标 积极应对 稳步推进各项工作 涉及财务报告的相关事项 与上一会计期间财务报告相比 会计政策 会计估计和核算方法发生变化的情况说明 报告期内发生重大会计差错更正需追溯重述的情况说明 公司报告期无重大会计差错更正需追溯重述的情况 与上年度财务报告相比 合并报表范围发生变化的情况说明 特此公告 董事会 二零二零年八月二十九日 证券代码 公司简称 公告编号 本公司及董事会全体成员保证信息披露的内容真实准确完整 没有虚假记载误导性陈述或重大遗漏 一 重要提示 本半年度报告摘要来自半年度报告全文 为全面了解本公司的经营成果财务状况及未来发展规划 投资者应当到证监会指定媒体仔细阅读半年度报告全文 董事监事高级管理人员异议声明 未亲自出席董事姓名 非标准审计意见提示 董事会审议的报告期普通股利润分配预案或公积金转增股本预案 公司计划不派发现金红利 不送红股 不以公积金转增股本 二 公司基本情况 公司简介 股票简称 股票上市交易所 深圳证券交易所 联系人和联系方式 董事会秘书 证券事务代表 办公地址 电话 电子信箱 主要会计数据和财务指标 公司是否需追溯调整或重述以前年度会计数据 本报告期 上年同期 本报告期比上年同期增减 营业收入 元 归属于上市公司股东的净利润 元 归属于上市公司股东的扣除非经常性损益的净利润 元 经营活动产生的现金流量净额 元 基本每股收益 元股 稀释每股收益 元股 加权平均净资产收益率 本报告期末 上年度末 本报告期末比上年度末增减 总资产 元 归属于上市公司股东的净资产 元 公司股东数量及持股情况 报告期末普通股股东总数 报告期末表决权恢复的优先股股东总数 前十名股东持股情况 股东名称 股东性质 持股比例 持股数量 持有有限售条件的股份数量 质押或冻结情况 股份状态 数量 境内非国有法人 境内自然人 上述股东关联关系或一致行动的说明 参与融资融券业务股东情况说明 控股股东或实际控制人变更情况 控股股东报告期内变更 公司报告期控股股东未发生变更 实际控制人报告期内变更 公司报告期实际控制人未发生变更 公司优先股股东总数及前十名优先股股东持股情况表 公司报告期无优先股股东持股情况 公司债券情况 公司是否存在公开发行并在证券交易所上市 且在半年度报告批准报出日未到期或到期未能全额兑付的公司债券 否 三 经营情况讨论与分析 报告期经营情况简介 公司需遵守深交所行业信息披露指引 报告期内 面对复杂多变的国内外经济形势 公司董事会和管理层紧紧围绕年度经营目标 积极应对 稳步推进各项工作 涉及财务报告的相关事项 与上一会计期间财务报告相比 会计政策 会计估计和核算方法发生变化的情况说明 报告期内发生重大会计差错更正需追溯重述的情况说明 公司报告期无重大会计差错更正需追溯重述的情况 与上年度财务报告相比 合并报表范围发生变化的情况说明 特此公告 董事会 二零二零年八月二十九日 证券代码 公司简称 公告编号 本公司及董事会全体成员保证信息披露的内容真实准确完整 没有虚假记载误导性陈述或重大遗漏 一 重要提示 本半年度报告摘要来自半年度报告全文 为全面了解本公司的经营成果财务状况及未来发展规划 投资者应当到证监会指定媒体仔细阅读半年度报告全文 董事监事高级管理人员异议声明 未亲自出席董事姓名 非标准审计意见提示 董事会审议的报告期普通股利润分配预案或公积金转增股本预案 公司计划不派发现金红利 不送红股 不以公积金转增股本 二 公司基本情况 公司简介 股票简称 股票上市交易所 深圳证券交易所 联系人和联系方式 董事会秘书 证券事务代表 办公地址 电话 电子信箱 主要会计数据和财务指标 公司是否需追溯调整或重述以前年度会计数据 本报告期 上年同期 本报告期比上年同期增减 营业收入 元 归属于上市公司股东的净利润 元 归属于上市公司股东的扣除非经常性损益的净利润 元 经营活动产生的现金流量净额 元 基本每股收益 元股 稀释每股收益 元股 加权平均净资产收益率 本报告期末 上年度末 本报告期末比上年度末增减 总资产 元 归属于上市公司股东的净资产 元 公司股东数量及持股情况 报告期末普通股股东总数 报告期末表决权恢复的优先股股东总数 前十名股东持股情况 股东名称 股东性质 持股比例 持股数量 持有有限售条件的股份数量 质押或冻结情况 股份状态 数量 境内非国有法人 境内自然人 上述股东关联关系或一致行动的说明 参与融资融券业务股东情况说明 控股股东或实际控制人变更情况 控股股东报告期内变更 公司报告期控股股东未发生变更 实际控制人报告期内变更 公司报告期实际控制人未发生变更 公司优先股股东总数及前十名优先股股东持股情况表 公司报告期无优先股股东持股情况 公司债券情况 公司是否存在公开发行并在证券交易所上市 且在半年度报告批准报出日未到期或到期未能全额兑付的公司债券 否 三 经营情况讨论与分析 报告期经营情况简介 公司需遵守深交所行业信息披露指引 报告期内 面对复杂多变的国内外经济形势 公司董事会和管理层紧紧围绕年度经营目标 积极应对 稳步推进各项工作 涉及财务报告的相关事项 与上一会计期间财务报告相比 会计政策 会计估计和核算方法发生变化的情况说明 报告期内发生重大会计差错更正需追溯重述的情况说明 公司报告期无重大会计差错更正需追溯重述的情况 与上年度财务报告相比 合并报表范围发生变化的情况说明 特此公告 董事会 二零二零年八月二十九日
证券代码 公司简称 公告编号 本公司及董事会全体成员保证信息披露的内容真实准确完整 没有虚假记载误导性陈述或重大遗漏 一 重要提示 本半年度报告摘要来自半年度报告全文 为全面了解本公司的经营成果财务状况及未来发展规划 投资者应当到证监会指定媒体仔细阅读半年度报告全文 董事监事高级管理人员异议声明 未亲自出席董事姓名 非标准审计意见提示 董事会审议的报告期普通股利润分配预案或公积金转增股本预案 公司计划不派发现金红利 不送红股 不以公积金转增股本 二 公司基本情况 公司简介 股票简称 股票上市交易所 深圳证券交易所 联系人和联系方式 董事会秘书 证券事务代表 办公地址 电话 电子信箱 主要会计数据和财务指标 公司是否需追溯调整或重述以前年度会计数据 本报告期 上年同期 本报告期比上年同期增减 营业收入 元 归属于上市公司股东的净利润 元 归属于上市公司股东的扣除非经常性损益的净利润 元 经营活动产生的现金流量净额 元 基本每股收益 元股 稀释每股收益 元股 加权平均净资产收益率 本报告期末 上年度末 本报告期末比上年度末增减 总资产 元 归属于上市公司股东的净资产 元 公司股东数量及持股情况 报告期末普通股股东总数 报告期末表决权恢复的优先股股东总数 前十名股东持股情况 股东名称 股东性质 持股比例 持股数量 持有有限售条件的股份数量 质押或冻结情况 股份状态 数量 境内非国有法人 境内自然人 上述股东关联关系或一致行动的说明 参与融资融券业务股东情况说明 控股股东或实际控制人变更情况 控股股东报告期内变更 公司报告期控股股东未发生变更 实际控制人报告期内变更 公司报告期实际控制人未发生变更 公司优先股股东总数及前十名优先股股东持股情况表 公司报告期无优先股股东持股情况 公司债券情况 公司是否存在公开发行并在证券交易所上市 且在半年度报告批准报出日未到期或到期未能全额兑付的公司债券 否 三 经营情况讨论与分析 报告期经营情况简介 公司需遵守深交所行业信息披露指引 报告期内 面对复杂多变的国内外经济形势 公司董事会和管理层紧紧围绕年度经营目标 积极应对 稳步推进各项工作 涉及财务报告的相关事项 与上一会计期间财务报告相比 会计政策 会计估计和核算方法发生变化的情况说明 报告期内发生重大会计差错更正需追溯重述的情况说明 公司报告期无重大会计差错更正需追溯重述的情况 与上年度财务报告相比 合并报表范围发生变化的情况说明 特此公告 董事会 二零二零年八月二十九日 证券代码 公司简称 公告编号 本公司及董事会全体成员保证信息披露的内容真实准确完整 没有虚假记载误导性陈述或重大遗漏 一 重要提示 本半年度报告摘要来自半年度报告全文 为全面了解本公司的经营成果财务状况及未来发展规划 投资者应当到证监会指定媒体仔细阅读半年度报告全文 董事监事高级管理人员异议声明 未亲自出席董事姓名 非标准审计意见提示 董事会审议的报告期普通股利润分配预案或公积金转增股本预案 公司计划不派发现金红利 不送红股 不以公积金转增股本 二 公司基本情况 公司简介 股票简称 股票上市交易所 深圳证券交易所 联系人和联系方式 董事会秘书 证券事务代表 办公地址 电话 电子信箱 主要会计数据和财务指标 公司是否需追溯调整或重述以前年度会计数据 本报告期 上年同期 本报告期比上年同期增减 营业收入 元 归属于上市公司股东的净利润 元 归属于上市公司股东的扣除非经常性损益的净利润 元 经营活动产生的现金流量净额 元 基本每股收益 元股 稀释每股收益 元股 加权平均净资产收益率 本报告期末 上年度末 本报告期末比上年度末增减 总资产 元 归属于上市公司股东的净资产 元 公司股东数量及持股情况 报告期末普通股股东总数 报告期末表决权恢复的优先股股东总数 前十名股东持股情况 股东名称 股东性质 持股比例 持股数量 持有有限售条件的股份数量 质押或冻结情况 股份状态 数量 境内非国有法人 境内自然人 上述股东关联关系或一致行动的说明 参与融资融券业务股东情况说明 控股股东或实际控制人变更情况 控股股东报告期内变更 公司报告期控股股东未发生变更 实际控制人报告期内变更 公司报告期实际控制人未发生变更 公司优先股股东总数及前十名优先股股东持股情况表 公司报告期无优先股股东持股情况 公司债券情况 公司是否存在公开发行并在证券交易所上市 且在半年度报告批准报出日未到期或到期未能全额兑付的公司债券 否 三 经营情况讨论与分析 报告期经营情况简介 公司需遵守深交所行业信息披露指引 报告期内 面对复杂多变的国内外经济形势 公司董事会和管理层紧紧围绕年度经营目标 积极应对 稳步推进各项工作 涉及财务报告的相关事项 与上一会计期间财务报告相比 会计政策 会计估计和核算方法发生变化的情况说明 报告期内发生重大会计差错更正需追溯重述的情况说明 公司报告期无重大会计差错更正需追溯重述的情况 与上年度财务报告相比 合并报表范围发生变化的情况说明 特此公告 董事会 二零二零年八月二十九日 证券代码 公司简称 公告编号 本公司及董事会全体成员保证信息披露的内容真实准确完整 没有虚假记载误导性陈述或重大遗漏 一 重要提示 本半年度报告摘要来自半年度报告全文 为全面了解本公司的经营成果财务状况及未来发展规划 投资者应当到证监会指定媒体仔细阅读半年度报告全文 董事监事高级管理人员异议声明 未亲自出席董事姓名 非标准审计意见提示 董事会审议的报告期普通股利润分配预案或公积金转增股本预案 公司计划不派发现金红利 不送红股 不以公积金转增股本 二 公司基本情况 公司简介 股票简称 股票上市交易所 深圳证券交易所 联系人和联系方式 董事会秘书 证券事务代表 办公地址 电话 电子信箱 主要会计数据和财务指标 公司是否需追溯调整或重述以前年度会计数据 本报告期 上年同期 本报告期比上年同期增减 营业收入 元 归属于上市公司股东的净利润 元 归属于上市公司股东的扣除非经常性损益的净利润 元 经营活动产生的现金流量净额 元 基本每股收益 元股 稀释每股收益 元股 加权平均净资产收益率 本报告期末 上年度末 本报告期末比上年度末增减 总资产 元 归属于上市公司股东的净资产 元 公司股东数量及持股情况 报告期末普通股股东总数 报告期末表决权恢复的优先股股东总数 前十名股东持股情况 股东名称 股东性质 持股比例 持股数量 持有有限售条件的股份数量 质押或冻结情况 股份状态 数量 境内非国有法人 境内自然人 上述股东关联关系或一致行动的说明 参与融资融券业务股东情况说明 控股股东或实际控制人变更情况 控股股东报告期内变更 公司报告期控股股东未发生变更 实际控制人报告期内变更 公司报告期实际控制人未发生变更 公司优先股股东总数及前十名优先股股东持股情况表 公司报告期无优先股股东持股情况 公司债券情况 公司是否存在公开发行并在证券交易所上市 且在半年度报告批准报出日未到期或到期未能全额兑付的公司债券 否 三 经营情况讨论与分析 报告期经营情况简介 公司需遵守深交所行业信息披露指引 报告期内 面对复杂多变的国内外经济形势 公司董事会和管理层紧紧围绕年度经营目标 积极应对 稳步推进各项工作 涉及财务报告的相关事项 与上一会计期间财务报告相比 会计政策 会计估计和核算方法发生变化的情况说明 报告期内发生重大会计差错更正需追溯重述的情况说明 公司报告期无重大会计差错更正需追溯重述的情况 与上年度财务报告相比 合并报表范围发生变化的情况说明 特此公告 董事会 二零二零年八月二十九日 证券代码 公司简称 公告编号 本公司及董事会全体成员保证信息披露的内容真实准确完整 没有虚假记载误导性陈述或重大遗漏 一 重要提示 本半年度报告摘要来自半年度报告全文 为全面了解本公司的经营成果财务状况及未来发展规划 投资者应当到证监会指定媒体仔细阅读半年度报告全文 董事监事高级管理人员异议声明 未亲自出席董事姓名 非标准审计意见提示 董事会审议的报告期普通股利润分配预案或公积金转增股本预案 公司计划不派发现金红利 不送红股 不以公积金转增股本 二 公司基本情况 公司简介 股票简称 股票上市交易所 深圳证券交易所 联系人和联系方式 董事会秘书 证券事务代表 办公地址 电话 电子信箱 主要会计数据和财务指标 公司是否需追溯调整或重述以前年度会计数据 本报告期 上年同期 本报告期比上年同期增减 营业收入 元 归属于上市公司股东的净利润 元 归属于上市公司股东的扣除非经常性损益的净利润 元 经营活动产生的现金流量净额 元 基本每股收益 元股 稀释每股收益 元股 加权平均净资产收益率 本报告期末 上年度末 本报告期末比上年度末增减 总资产 元 归属于上市公司股东的净资产 元 公司股东数量及持股情况 报告期末普通股股东总数 报告期末表决权恢复的优先股股东总数 前十名股东持股情况 股东名称 股东性质 持股比例 持股数量 持有有限售条件的股份数量 质押或冻结情况 股份状态 数量 境内非国有法人 境内自然人 上述股东关联关系或一致行动的说明 参与融资融券业务股东情况说明 控股股东或实际控制人变更情况 控股股东报告期内变更 公司报告期控股股东未发生变更 实际控制人报告期内变更 公司报告期实际控制人未发生变更 公司优先股股东总数及前十名优先股股东持股情况表 公司报告期无优先股股东持股情况 公司债券情况 公司是否存在公开发行并在证券交易所上市 且在半年度报告批准报出日未到期或到期未能全额兑付的公司债券 否 三 经营情况讨论与分析 报告期经营情况简介 公司需遵守深交所行业信息披露指引 报告期内 面对复杂多变的国内外经济形势 公司董事会和管理层紧紧围绕年度经营目标 积极应对 稳步推进各项工作 涉及财务报告的相关事项 与上一会计期间财务报告相比 会计政策 会计估计和核算方法发生变化的情况说明 报告期内发生重大会计差错更正需追溯重述的情况说明 公司报告期无重大会计差错更正需追溯重述的情况 与上年度财务报告相比 合并报表范围发生变化的情况说明 特此公告 董事会 二零二零年八月二十九日 证券代码 公司简称 公告编号 本公司及董事会全体成员保证信息披露的内容真实准确完整 没有虚假记载误导性陈述或重大遗漏 一 重要提示 本半年度报告摘要来自半年度报告全文 为全面了解本公司的经营成果财务状况及未来发展规划 投资者应当到证监会指定媒体仔细阅读半年度报告全文 董事监事高级管理人员异议声明 未亲自出席董事姓名 非标准审计意见提示 董事会审议的报告期普通股利润分配预案或公积金转增股本预案 公司计划不派发现金红利 不送红股 不以公积金转增股本 二 公司基本情况 公司简介 股票简称 股票上市交易所 深圳证券交易所 联系人和联系方式 董事会秘书 证券事务代表 办公地址 电话 电子信箱 主要会计数据和财务指标 公司是否需追溯调整或重述以前年度会计数据 本报告期 上年同期 本报告期比上年同期增减 营业收入 元 归属于上市公司股东的净利润 元 归属于上市公司股东的扣除非经常性损益的净利润 元 经营活动产生的现金流量净额 元 基本每股收益 元股 稀释每股收益 元股 加权平均净资产收益率 本报告期末 上年度末 本报告期末比上年度末增减 总资产 元 归属于上市公司股东的净资产 元 公司股东数量及持股情况 报告期末普通股股东总数 报告期末表决权恢复的优先股股东总数 前十名股东持股情况 股东名称 股东性质 持股比例 持股数量 持有有限售条件的股份数量 质押或冻结情况 股份状态 数量 境内非国有法人 境内自然人 上述股东关联关系或一致行动的说明 参与融资融券业务股东情况说明 控股股东或实际控制人变更情况 控股股东报告期内变更 公司报告期控股股东未发生变更 实际控制人报告期内变更 公司报告期实际控制人未发生变更 公司优先股股东总数及前十名优先股股东持股情况表 公司报告期无优先股股东持股情况 公司债券情况 公司是否存在公开发行并在证券交易所上市 且在半年度报告批准报出日未到期或到期未能全额兑付的公司债券 否 三 经营情况讨论与分析 报告期经营情况简介 公司需遵守深交所行业信息披露指引 报告期内 面对复杂多变的国内外经济形势 公司董事会和管理层紧紧围绕年度经营目标 积极应对 稳步推进各项工作 涉及财务报告的相关事项 与上一会计期间财务报告相比 会计政策 会计估计和核算方法发生变化的情况说明 报告期内发生重大会计差错更正需追溯重述的情况说明 公司报告期无重大会计差错更正需追溯重述的情况 与上年度财务报告相比 合并报表范围发生变化的情况说明 特此公告 董事会 二零二零年八月二十九日 证券代码 公司简称 公告编号 本公司及董事会全体成员保证信息披露的内容真实准确完整 没有虚假记载误导性陈述或重大遗漏 一 重要提示 本半年度报告摘要来自半年度报告全文 为全面了解本公司的经营成果财务状况及未来发展规划 投资者应当到证监会指定媒体仔细阅读半年度报告全文 董事监事高级管理人员异议声明 未亲自出席董事姓名 非标准审计意见提示 董事会审议的报告期普通股利润分配预案或公积金转增股本预案 公司计划不派发现金红利 不送红股 不以公积金转增股本 二 公司基本情况 公司简介 股票简称 股票上市交易所 深圳证券交易所 联系人和联系方式 董事会秘书 证券事务代表 办公地址 电话 电子信箱 主要会计数据和财务指标 公司是否需追溯调整或重述以前年度会计数据 本报告期 上年同期 本报告期比上年同期增减 营业收入 元 归属于上市公司股东的净利润 元 归属于上市公司股东的扣除非经常性损益的净利润 元 经营活动产生的现金流量净额 元 基本每股收益 元股 稀释每股收益 元股 加权平均净资产收益率 本报告期末 上年度末 本报告期末比上年度末增减 总资产 元 归属于上市公司股东的净资产 元 公司股东数量及持股情况 报告期末普通股股东总数 报告期末表决权恢复的优先股股东总数 前十名股东持股情况 股东名称 股东性质 持股比例 持股数量 持有有限售条件的股份数量 质押或冻结情况 股份状态 数量 境内非国有法人 境内自然人 上述股东关联关系或一致行动的说明 参与融资融券业务股东情况说明 控股股东或实际控制人变更情况 控股股东报告期内变更 公司报告期控股股东未发生变更 实际控制人报告期内变更 公司报告期实际控制人未发生变更 公司优先股股东总数及前十名优先股股东持股情况表 公司报告期无优先股股东持股情况 公司债券情况 公司是否存在公开发行并在证券交易所上市 且在半年度报告批准报出日未到期或到期未能全额兑付的公司债券 否 三 经营情况讨论与分析 报告期经营情况简介 公司需遵守深交所行业信息披露指引 报告期内 面对复杂多变的国内外经济形势 公司董事会和管理层紧紧围绕年度经营目标 积极应对 稳步推进各项工作 涉及财务报告的相关事项 与上一会计期间财务报告相比 会计政策 会计估计和核算方法发生变化的情况说明 报告期内发生重大会计差错更正需追溯重述的情况说明 公司报告期无重大会计差错更正需追溯重述的情况 与上年度财务报告相比 合并报表范围发生变化的情况说明 特此公告 董事会 二零二零年八月二十九日 证券代码 公司简称 公告编号 本公司及董事会全体成员保证信息披露的内容真实准确完整 没有虚假记载误导性陈述或重大遗漏 一 重要提示 本半年度报告摘要来自半年度报告全文 为全面了解本公司的经营成果财务状况及未来发展规划 投资者应当到证监会指定媒体仔细阅读半年度报告全文 董事监事高级管理人员异议声明 未亲自出席董事姓名 非标准审计意见提示 董事会审议的报告期普通股利润分配预案或公积金转增股本预案 公司计划不派发现金红利 不送红股 不以公积金转增股本 二 公司基本情况 公司简介 股票简称 股票上市交易所 深圳证券交易所 联系人和联系方式 董事会秘书 证券事务代表 办公地址 电话 电子信箱 主要会计数据和财务指标 公司是否需追溯调整或重述以前年度会计数据 本报告期 上年同期 本报告期比上年同期增减 营业收入 元 归属于上市公司股东的净利润 元 归属于上市公司股东的扣除非经常性损益的净利润 元 经营活动产生的现金流量净额 元 基本每股收益 元股 稀释每股收益 元股 加权平均净资产收益率 本报告期末 上年度末 本报告期末比上年度末增减 总资产 元 归属于上市公司股东的净资产 元 公司股东数量及持股情况 报告期末普通股股东总数 报告期末表决权恢复的优先股股东总数 前十名股东持股情况 股东名称 股东性质 持股比例 持股数量 持有有限售条件的股份数量 质押或冻结情况 股份状态 数量 境内非国有法人 境内自然人 上述股东关联关系或一致行动的说明 参与融资融券业务股东情况说明 控股股东或实际控制人变更情况 控股股东报告期内变更 公司报告期控股股东未发生变更 实际控制人报告期内变更 公司报告期实际控制人未发生变更 公司优先股股东总数及前十名优先股股东持股情况表 公司报告期无优先股股东持股情况 公司债券情况 公司是否存在公开发行并在证券交易所上市 且在半年度报告批准报出日未到期或到期未能全额兑付的公司债券 否 三 经营情况讨论与分析 报告期经营情况简介 公司需遵守深交所行业信息披露指引 报告期内 面对复杂多变的国内外经济形势 公司董事会和管理层紧紧围绕年度经营目标 积极应对 稳步推进各项工作 涉及财务报告的相关事项 与上一会计期间财务报告相比 会计政策 会计估计和核算方法发生变化的情况说明 报告期内发生重大会计差错更正需追溯重述的情况说明 公司报告期无重大会计差错更正需追溯重述的情况 与上年度财务报告相比 合并报表范围发生变化的情况说明 特此公告 董事会 二零二零年八月二十九日 证券代码 公司简称 公告编号 本公司及董事会全体成员保证信息披露的内容真实准确完整 没有虚假记载误导性陈述或重大遗漏 一 重要提示 本半年度报告摘要来自半年度报告全文 为全面了解本公司的经营成果财务状况及未来发展规划 投资者应当到证监会指定媒体仔细阅读半年度报告全文 董事监事高级管理人员异议声明 未亲自出席董事姓名 非标准审计意见提示 董事会审议的报告期普通股利润分配预案或公积金转增股本预案 公司计划不派发现金红利 不送红股 不以公积金转增股本 二 公司基本情况 公司简介 股票简称 股票上市交易所 深圳证券交易所 联系人和联系方式 董事会秘书 证券事务代表 办公地址 电话 电子信箱 主要会计数据和财务指标 公司是否需追溯调整或重述以前年度会计数据 本报告期 上年同期 本报告期比上年同期增减 营业收入 元 归属于上市公司股东的净利润 元 归属于上市公司股东的扣除非经常性损益的净利润 元 经营活动产生的现金流量净额 元 基本每股收益 元股 稀释每股收益 元股 加权平均净资产收益率 本报告期末 上年度末 本报告期末比上年度末增减 总资产 元 归属于上市公司股东的净资产 元 公司股东数量及持股情况 报告期末普通股股东总数 报告期末表决权恢复的优先股股东总数 前十名股东持股情况 股东名称 股东性质 持股比例 持股数量 持有有限售条件的股份数量 质押或冻结情况 股份状态 数量 境内非国有法人 境内自然人 上述股东关联关系或一致行动的说明 参与融资融券业务股东情况说明 控股股东或实际控制人变更情况 控股股东报告期内变更 公司报告期控股股东未发生变更 实际控制人报告期内变更 公司报告期实际控制人未发生变更 公司优先股股东总数及前十名优先股股东持股情况表 公司报告期无优先股股东持股情况 公司债券情况 公司是否存在公开发行并在证券交易所上市 且在半年度报告批准报出日未到期或到期未能全额兑付的公司债券 否 三 经营情况讨论与分析 报告期经营情况简介 公司需遵守深交所行业信息披露指引 报告期内 面对复杂多变的国内外经济形势 公司董事会和管理层紧紧围绕年度经营目标 积极应对 稳步推进各项工作 涉及财务报告的相关事项 与上一会计期间财务报告相比 会计政策 会计估计和核算方法发生变化的情况说明 报告期内发生重大会计差错更正需追溯重述的情况说明 公司报告期无重大会计差错更正需追溯重述的情况 与上年度财务报告相比 合并报表范围发生变化的情况说明 特此公告 董事会 二零二零年八月二十九日 证券代码 公司简称 公告编号 本公司及董事会全体成员保证信息披露的内容真实准确完整 没有虚假记载误导性陈述或重大遗漏 一 重要提示 本半年度报告摘要来自半年度报告全文 为全面了解本公司的经营成果财务状况及未来发展规划 投资者应当到证监会指定媒体仔细阅读半年度报告全文 董事监事高级管理人员异议声明 未亲自出席董事姓名 非标准审计意见提示 董事会审议的报告期普通股利润分配预案或公积金转增股本预案 公司计划不派发现金红利 不送红股 不以公积金转增股本 二 公司基本情况 公司简介 股票简称 股票上市交易所 深圳证券交易所 联系人和联系方式 董事会秘书 证券事务代表 办公地址 电话 电子信箱 主要会计数据和财务指标 公司是否需追溯调整或重述以前年度会计数据 本报告期 上年同期 本报告期比上年同期增减 营业收入 元 归属于上市公司股东的净利润 元 归属于上市公司股东的扣除非经常性损益的净利润 元 经营活动产生的现金流量净额 元 基本每股收益 元股 稀释每股收益 元股 加权平均净资产收益率 本报告期末 上年度末 本报告期末比上年度末增减 总资产 元 归属于上市公司股东的净资产 元 公司股东数量及持股情况 报告期末普通股股东总数 报告期末表决权恢复的优先股股东总数 前十名股东持股情况 股东名称 股东性质 持股比例 持股数量 持有有限售条件的股份数量 质押或冻结情况 股份状态 数量 境内非国有法人 境内自然人 上述股东关联关系或一致行动的说明 参与融资融券业务股东情况说明 控股股东或实际控制人变更情况 控股股东报告期内变更 公司报告期控股股东未发生变更 实际控制人报告期内变更 公司报告期实际控制人未发生变更 公司优先股股东总数及前十名优先股股东持股情况表 公司报告期无优先股股东持股情况 公司债券情况 公司是否存在公开发行并在证券交易所上市 且在半年度报告批准报出日未到期或到期未能全额兑付的公司债券 否 三 经营情况讨论与分析 报告期经营情况简介 公司需遵守深交所行业信息披露指引 报告期内 面对复杂多变的国内外经济形势 公司董事会和管理层紧紧围绕年度经营目标 积极应对 稳步推进各项工作 涉及财务报告的相关事项 与上一会计期间财务报告相比 会计政策 会计估计和核算方法发生变化的情况说明 报告期内发生重大会计差错更正需追溯重述的情况说明 公司报告期无重大会计差错更正需追溯重述的情况 与上年度财务报告相比 合并报表范围发生变化的情况说明 特此公告 董事会 二零二零年八月二十九日 证券代码 公司简称 公告编号 本公司及董事会全体成员保证信息披露的内容真实准确完整 没有虚假记载误导性陈述或重大遗漏 一 重要提示 本半年度报告摘要来自半年度报告全文 为全面了解本公司的经营成果财务状况及未来发展规划 投资者应当到证监会指定媒体仔细阅读半年度报告全文 董事监事高级管理人员异议声明 未亲自出席董事姓名 非标准审计意见提示 董事会审议的报告期普通股利润分配预案或公积金转增股本预案 公司计划不派发现金红利 不送红股 不以公积金转增股本 二 公司基本情况 公司简介 股票简称 股票上市交易所 深圳证券交易所 联系人和联系方式 董事会秘书 证券事务代表 办公地址 电话 电子信箱 主要会计数据和财务指标 公司是否需追溯调整或重述以前年度会计数据 本报告期 上年同期 本报告期比上年同期增减 营业收入 元 归属于上市公司股东的净利润 元 归属于上市公司股东的扣除非经常性损益的净利润 元 经营活动产生的现金流量净额 元 基本每股收益 元股 稀释每股收益 元股 加权平均净资产收益率 本报告期末 上年度末 本报告期末比上年度末增减 总资产 元 归属于上市公司股东的净资产 元 公司股东数量及持股情况 报告期末普通股股东总数 报告期末表决权恢复的优先股股东总数 前十名股东持股情况 股东名称 股东性质 持股比例 持股数量 持有有限售条件的股份数量 质押或冻结情况 股份状态 数量 境内非国有法人 境内自然人 上述股东关联关系或一致行动的说明 参与融资融券业务股东情况说明 控股股东或实际控制人变更情况 控股股东报告期内变更 公司报告期控股股东未发生变更 实际控制人报告期内变更 公司报告期实际控制人未发生变更 公司优先股股东总数及前十名优先股股东持股情况表 公司报告期无优先股股东持股情况 公司债券情况 公司是否存在公开发行并在证券交易所上市 且在半年度报告批准报出日未到期或到期未能全额兑付的公司债券 否 三 经营情况讨论与分析 报告期经营情况简介 公司需遵守深交所行业信息披露指引 报告期内 面对复杂多变的国内外经济形势 公司董事会和管理层紧紧围绕年度经营目标 积极应对 稳步推进各项工作 涉及财务报告的相关事项 与上一会计期间财务报告相比 会计政策 会计估计和核算方法发生变化的情况说明 报告期内发生重大会计差错更正需追溯重述的情况说明 公司报告期无重大会计差错更正需追溯重述的情况 与上年度财务报告相比 合并报表范围发生变化的情况说明 特此公告 董事会 二零二零年八月二十九日 证券代码 公司简称 公告编号 本公司及董事会全体成员保证信息披露的内容真实准确完整 没有虚假记载误导性陈述或重大遗漏 一 重要提示 本半年度报告摘要来自半年度报告全文 为全面了解本公司的经营成果财务状况及未来发展规划 投资者应当到证监会指定媒体仔细阅读半年度报告全文 董事监事高级管理人员异议声明 未亲自出席董事姓名 非标准审计意见提示 董事会审议的报告期普通股利润分配预案或公积金转增股本预案 公司计划不派发现金红利 不送红股 不以公积金转增股本 二 公司基本情况 公司简介 股票简称 股票上市交易所 深圳证券交易所 联系人和联系方式 董事会秘书 证券事务代表 办公地址 电话 电子信箱 主要会计数据和财务指标 公司是否需追溯调整或重述以前年度会计数据 本报告期 上年同期 本报告期比上年同期增减 营业收入 元 归属于上市公司股东的净利润 元 归属于上市公司股东的扣除非经常性损益的净利润 元 经营活动产生的现金流量净额 元 基本每股收益 元股 稀释每股收益 元股 加权平均净资产收益率 本报告期末 上年度末 本报告期末比上年度末增减 总资产 元 归属于上市公司股东的净资产 元 公司股东数量及持股情况 报告期末普通股股东总数 报告期末表决权恢复的优先股股东总数 前十名股东持股情况 股东名称 股东性质 持股比例 持股数量 持有有限售条件的股份数量 质押或冻结情况 股份状态 数量 境内非国有法人 境内自然人 上述股东关联关系或一致行动的说明 参与融资融券业务股东情况说明 控股股东或实际控制人变更情况 控股股东报告期内变更 公司报告期控股股东未发生变更 实际控制人报告期内变更 公司报告期实际控制人未发生变更 公司优先股股东总数及前十名优先股股东持股情况表 公司报告期无优先股股东持股情况 公司债券情况 公司是否存在公开发行并在证券交易所上市 且在半年度报告批准报出日未到期或到期未能全额兑付的公司债券 否 三 经营情况讨论与分析 报告期经营情况简介 公司需遵守深交所行业信息披露指引 报告期内 面对复杂多变的国内外经济形势 公司董事会和管理层紧紧围绕年度经营目标 积极应对 稳步推进各项工作 涉及财务报告的相关事项 与上一会计期间财务报告相比 会计政策 会计估计和核算方法发生变化的情况说明 报告期内发生重大会计差错更正需追溯重述的情况说明 公司报告期无重大会计差错更正需追溯重述的情况 与上年度财务报告相比 合并报表范围发生变化的情况说明 特此公告 董事会 二零二零年八月二十九日 证券代码 公司简称 公告编号 本公司及董事会全体成员保证信息披露的内容真实准确完整 没有虚假记载误导性陈述或重大遗漏 一 重要提示 本半年度报告摘要来自半年度报告全文 为全面了解本公司的经营成果财务状况及未来发展规划 投资者应当到证监会指定媒体仔细阅读半年度报告全文 董事监事高级管理人员异议声明 未亲自出席董事姓名 非标准审计意见提示 董事会审议的报告期普通股利润分配预案或公积金转增股本预案 公司计划不派发现金红利 不送红股 不以公积金转增股本 二 公司基本情况 公司简介 股票简称 股票上市交易所 深圳证券交易所 联系人和联系方式 董事会秘书 证券事务代表 办公地址 电话 电子信箱 主要会计数据和财务指标 公司是否需追溯调整或重述以前年度会计数据 本报告期 上年同期 本报告期比上年同期增减 营业收入 元 归属于上市公司股东的净利润 元 归属于上市公司股东的扣除非经常性损益的净利润 元 经营活动产生的现金流量净额 元 基本每股收益 元股 稀释每股收益 元股 加权平均净资产收益率 本报告期末 上年度末 本报告期末比上年度末增减 总资产 元 归属于上市公司股东的净资产 元 公司股东数量及持股情况 报告期末普通股股东总数 报告期末表决权恢复的优先股股东总数 前十名股东持股情况 股东名称 股东性质 持股比例 持股数量 持有有限售条件的股份数量 质押或冻结情况 股份状态 数量 境内非国有法人 境内自然人 上述股东关联关系或一致行动的说明 参与融资融券业务股东情况说明 控股股东或实际控制人变更情况 控股股东报告期内变更 公司报告期控股股东未发生变更 实际控制人报告期内变更 公司报告期实际控制人未发生变更 公司优先股股东总数及前十名优先股股东持股情况表 公司报告期无优先股股东持股情况 公司债券情况 公司是否存在公开发行并在证券交易所上市 且在半年度报告批准报出日未到期或到期未能全额兑付的公司债券 否 三 经营情况讨论与分析 报告期经营情况简介 公司需遵守深交所行业信息披露指引 报告期内 面对复杂多变的国内外经济形势 公司董事会和管理层紧紧围绕年度经营目标 积极应对 稳步推进各项工作 涉及财务报告的相关事项 与上一会计期间财务报告相比 会计政策 会计估计和核算方法发生变化的情况说明 报告期内发生重大会计差错更正需追溯重述的情况说明 公司报告期无重大会计差错更正需追溯重述的情况 与上年度财务报告相比 合并报表范围发生变化的情况说明 特此公告 董事会 二零二零年八月二十九日
证券代码 公司简称 公告编号 本公司及董事会全体成员保证信息披露的内容真实准确完整 没有虚假记载误导性陈述或重大遗漏 一 重要提示 本半年度报告摘要来自半年度报告全文 为全面了解本公司的经营成果财务状况及未来发展规划 投资者应当到证监会指定媒体仔细阅读半年度报告全文 董事监事高级管理人员异议声明 未亲自出席董事姓名 非标准审计意见提示 董事会审议的报告期普通股利润分配预案或公积金转增股本预案 公司计划不派发现金红利 不送红股 不以公积金转增股本 二 公司基本情况 公司简介 股票简称 股票上市交易所 深圳证券交易所 联系人和联系方式 董事会秘书 证券事务代表 办公地址 电话 电子信箱 主要会计数据和财务指标 公司是否需追溯调整或重述以前年度会计数据 本报告期 上年同期 本报告期比上年同期增减 营业收入 元 归属于上市公司股东的净利润 元 归属于上市公司股东的扣除非经常性损益的净利润 元 经营活动产生的现金流量净额 元 基本每股收益 元股 稀释每股收益 元股 加权平均净资产收益率 本报告期末 上年度末 本报告期末比上年度末增减 总资产 元 归属于上市公司股东的净资产 元 公司股东数量及持股情况 报告期末普通股股东总数 报告期末表决权恢复的优先股股东总数 前十名股东持股情况 股东名称 股东性质 持股比例 持股数量 持有有限售条件的股份数量 质押或冻结情况 股份状态 数量 境内非国有法人 境内自然人 上述股东关联关系或一致行动的说明 参与融资融券业务股东情况说明 控股股东或实际控制人变更情况 控股股东报告期内变更 公司报告期控股股东未发生变更 实际控制人报告期内变更 公司报告期实际控制人未发生变更 公司优先股股东总数及前十名优先股股东持股情况表 公司报告期无优先股股东持股情况 公司债券情况 公司是否存在公开发行并在证券交易所上市 且在半年度报告批准报出日未到期或到期未能全额兑付的公司债券 否 三 经营情况讨论与分析 报告期经营情况简介 公司需遵守深交所行业信息披露指引 报告期内 面对复杂多变的国内外经济形势 公司董事会和管理层紧紧围绕年度经营目标 积极应对 稳步推进各项工作 涉及财务报告的相关事项 与上一会计期间财务报告相比 会计政策 会计估计和核算方法发生变化的情况说明 报告期内发生重大会计差错更正需追溯重述的情况说明 公司报告期无重大会计差错更正需追溯重述的情况 与上年度财务报告相比 合并报表范围发生变化的情况说明 特此公告 董事会 二零二零年八月二十九日 证券代码 公司简称 公告编号 本公司及董事会全体成员保证信息披露的内容真实准确完整 没有虚假记载误导性陈述或重大遗漏 一 重要提示 本半年度报告摘要来自半年度报告全文 为全面了解本公司的经营成果财务状况及未来发展规划 投资者应当到证监会指定媒体仔细阅读半年度报告全文 董事监事高级管理人员异议声明 未亲自出席董事姓名 非标准审计意见提示 董事会审议的报告期普通股利润分配预案或公积金转增股本预案 公司计划不派发现金红利 不送红股 不以公积金转增股本 二 公司基本情况 公司简介 股票简称 股票上市交易所 深圳证券交易所 联系人和联系方式 董事会秘书 证券事务代表 办公地址 电话 电子信箱 主要会计数据和财务指标 公司是否需追溯调整或重述以前年度会计数据 本报告期 上年同期 本报告期比上年同期增减 营业收入 元 归属于上市公司股东的净利润 元 归属于上市公司股东的扣除非经常性损益的净利润 元 经营活动产生的现金流量净额 元 基本每股收益 元股 稀释每股收益 元股 加权平均净资产收益率 本报告期末 上年度末 本报告期末比上年度末增减 总资产 元 归属于上市公司股东的净资产 元 公司股东数量及持股情况 报告期末普通股股东总数 报告期末表决权恢复的优先股股东总数 前十名股东持股情况 股东名称 股东性质 持股比例 持股数量 持有有限售条件的股份数量 质押或冻结情况 股份状态 数量 境内非国有法人 境内自然人 上述股东关联关系或一致行动的说明 参与融资融券业务股东情况说明 控股股东或实际控制人变更情况 控股股东报告期内变更 公司报告期控股股东未发生变更 实际控制人报告期内变更 公司报告期实际控制人未发生变更 公司优先股股东总数及前十名优先股股东持股情况表 公司报告期无优先股股东持股情况 公司债券情况 公司是否存在公开发行并在证券交易所上市 且在半年度报告批准报出日未到期或到期未能全额兑付的公司债券 否 三 经营情况讨论与分析 报告期经营情况简介 公司需遵守深交所行业信息披露指引 报告期内 面对复杂多变的国内外经济形势 公司董事会和管理层紧紧围绕年度经营目标 积极应对 稳步推进各项工作 涉及财务报告的相关事项 与上一会计期间财务报告相比 会计政策 会计估计和核算方法发生变化的情况说明 报告期内发生重大会计差错更正需追溯重述的情况说明 公司报告期无重大会计差错更正需追溯重述的情况 与上年度财务报告相比 合并报表范围发生变化的情况说明 特此公告 董事会 二零二零年八月二十九日 证券代码 公司简称 公告编号 本公司及董事会全体成员保证信息披露的内容真实准确完整 没有虚假记载误导性陈述或重大遗漏 一 重要提示 本半年度报告摘要来自半年度报告全文 为全面了解本公司的经营成果财务状况及未来发展规划 投资者应当到证监会指定媒体仔细阅读半年度报告全文 董事监事高级管理人员异议声明 未亲自出席董事姓名 非标准审计意见提示 董事会审议的报告期普通股利润分配预案或公积金转增股本预案 公司计划不派发现金红利 不送红股 不以公积金转增股本 二 公司基本情况 公司简介 股票简称 股票上市交易所 深圳证券交易所 联系人和联系方式 董事会秘书 证券事务代表 办公地址 电话 电子信箱 主要会计数据和财务指标 公司是否需追溯调整或重述以前年度会计数据 本报告期 上年同期 本报告期比上年同期增减 营业收入 元 归属于上市公司股东的净利润 元 归属于上市公司股东的扣除非经常性损益的净利润 元 经营活动产生的现金流量净额 元 基本每股收益 元股 稀释每股收益 元股 加权平均净资产收益率 本报告期末 上年度末 本报告期末比上年度末增减 总资产 元 归属于上市公司股东的净资产 元 公司股东数量及持股情况 报告期末普通股股东总数 报告期末表决权恢复的优先股股东总数 前十名股东持股情况 股东名称 股东性质 持股比例 持股数量 持有有限售条件的股份数量 质押或冻结情况 股份状态 数量 境内非国有法人 境内自然人 上述股东关联关系或一致行动的说明 参与融资融券业务股东情况说明 控股股东或实际控制人变更情况 控股股东报告期内变更 公司报告期控股股东未发生变更 实际控制人报告期内变更 公司报告期实际控制人未发生变更 公司优先股股东总数及前十名优先股股东持股情况表 公司报告期无优先股股东持股情况 公司债券情况 公司是否存在公开发行并在证券交易所上市 且在半年度报告批准报出日未到期或到期未能全额兑付的公司债券 否 三 经营情况讨论与分析 报告期经营情况简介 公司需遵守深交所行业信息披露指引 报告期内 面对复杂多变的国内外经济形势 公司董事会和管理层紧紧围绕年度经营目标 积极应对 稳步推进各项工作 涉及财务报告的相关事项 与上一会计期间财务报告相比 会计政策 会计估计和核算方法发生变化的情况说明 报告期内发生重大会计差错更正需追溯重述的情况说明 公司报告期无重大会计差错更正需追溯重述的情况 与上年度财务报告相比 合并报表范围发生变化的情况说明 特此公告 董事会 二零二零年八月二十九日 证券代码 公司简称 公告编号 本公司及董事会全体成员保证信息披露的内容真实准确完整 没有虚假记载误导性陈述或重大遗漏 一 重要提示 本半年度报告摘要来自半年度报告全文 为全面了解本公司的经营成果财务状况及未来发展规划 投资者应当到证监会指定媒体仔细阅读半年度报告全文 董事监事高级管理人员异议声明 未亲自出席董事姓名 非标准审计意见提示 董事会审议的报告期普通股利润分配预案或公积金转增股本预案 公司计划不派发现金红利 不送红股 不以公积金转增股本 二 公司基本情况 公司简介 股票简称 股票上市交易所 深圳证券交易所 联系人和联系方式 董事会秘书 证券事务代表 办公地址 电话 电子信箱 主要会计数据和财务指标 公司是否需追溯调整或重述以前年度会计数据 本报告期 上年同期 本报告期比上年同期增减 营业收入 元 归属于上市公司股东的净利润 元 归属于上市公司股东的扣除非经常性损益的净利润 元 经营活动产生的现金流量净额 元 基本每股收益 元股 稀释每股收益 元股 加权平均净资产收益率 本报告期末 上年度末 本报告期末比上年度末增减 总资产 元 归属于上市公司股东的净资产 元 公司股东数量及持股情况 报告期末普通股股东总数 报告期末表决权恢复的优先股股东总数 前十名股东持股情况 股东名称 股东性质 持股比例 持股数量 持有有限售条件的股份数量 质押或冻结情况 股份状态 数量 境内非国有法人 境内自然人 上述股东关联关系或一致行动的说明 参与融资融券业务股东情况说明 控股股东或实际控制人变更情况 控股股东报告期内变更 公司报告期控股股东未发生变更 实际控制人报告期内变更 公司报告期实际控制人未发生变更 公司优先股股东总数及前十名优先股股东持股情况表 公司报告期无优先股股东持股情况 公司债券情况 公司是否存在公开发行并在证券交易所上市 且在半年度报告批准报出日未到期或到期未能全额兑付的公司债券 否 三 经营情况讨论与分析 报告期经营情况简介 公司需遵守深交所行业信息披露指引 报告期内 面对复杂多变的国内外经济形势 公司董事会和管理层紧紧围绕年度经营目标 积极应对 稳步推进各项工作 涉及财务报告的相关事项 与上一会计期间财务报告相比 会计政策 会计估计和核算方法发生变化的情况说明 报告期内发生重大会计差错更正需追溯重述的情况说明 公司报告期无重大会计差错更正需追溯重述的情况 与上年度财务报告相比 合并报表范围发生变化的情况说明 特此公告 董事会 二零二零年八月二十九日 证券代码 公司简称 公告编号 本公司及董事会全体成员保证信息披露的内容真实准确完整 没有虚假记载误导性陈述或重大遗漏 一 重要提示 本半年度报告摘要来自半年度报告全文 为全面了解本公司的经营成果财务状况及未来发展规划 投资者应当到证监会指定媒体仔细阅读半年度报告全文 董事监事高级管理人员异议声明 未亲自出席董事姓名 非标准审计意见提示 董事会审议的报告期普通股利润分配预案或公积金转增股本预案 公司计划不派发现金红利 不送红股 不以公积金转增股本 二 公司基本情况 公司简介 股票简称 股票上市交易所 深圳证券交易所 联系人和联系方式 董事会秘书 证券事务代表 办公地址 电话 电子信箱 主要会计数据和财务指标 公司是否需追溯调整或重述以前年度会计数据 本报告期 上年同期 本报告期比上年同期增减 营业收入 元 归属于上市公司股东的净利润 元 归属于上市公司股东的扣除非经常性损益的净利润 元 经营活动产生的现金流量净额 元 基本每股收益 元股 稀释每股收益 元股 加权平均净资产收益率 本报告期末 上年度末 本报告期末比上年度末增减 总资产 元 归属于上市公司股东的净资产 元 公司股东数量及持股情况 报告期末普通股股东总数 报告期末表决权恢复的优先股股东总数 前十名股东持股情况 股东名称 股东性质 持股比例 持股数量 持有有限售条件的股份数量 质押或冻结情况 股份状态 数量 境内非国有法人 境内自然人 上述股东关联关系或一致行动的说明 参与融资融券业务股东情况说明 控股股东或实际控制人变更情况 控股股东报告期内变更 公司报告期控股股东未发生变更 实际控制人报告期内变更 公司报告期实际控制人未发生变更 公司优先股股东总数及前十名优先股股东持股情况表 公司报告期无优先股股东持股情况 公司债券情况 公司是否存在公开发行并在证券交易所上市 且在半年度报告批准报出日未到期或到期未能全额兑付的公司债券 否 三 经营情况讨论与分析 报告期经营情况简介 公司需遵守深交所行业信息披露指引 报告期内 面对复杂多变的国内外经济形势 公司董事会和管理层紧紧围绕年度经营目标 积极应对 稳步推进各项工作 涉及财务报告的相关事项 与上一会计期间财务报告相比 会计政策 会计估计和核算方法发生变化的情况说明 报告期内发生重大会计差错更正需追溯重述的情况说明 公司报告期无重大会计差错更正需追溯重述的情况 与上年度财务报告相比 合并报表范围发生变化的情况说明 特此公告 董事会 二零二零年八月二十九日 证券代码 公司简称 公告编号 本公司及董事会全体成员保证信息披露的内容真实准确完整 没有虚假记载误导性陈述或重大遗漏 一 重要提示 本半年度报告摘要来自半年度报告全文 为全面了解本公司的经营成果财务状况及未来发展规划 投资者应当到证监会指定媒体仔细阅读半年度报告全文 董事监事高级管理人员异议声明 未亲自出席董事姓名 非标准审计意见提示 董事会审议的报告期普通股利润分配预案或公积金转增股本预案 公司计划不派发现金红利 不送红股 不以公积金转增股本 二 公司基本情况 公司简介 股票简称 股票上市交易所 深圳证券交易所 联系人和联系方式 董事会秘书 证券事务代表 办公地址 电话 电子信箱 主要会计数据和财务指标 公司是否需追溯调整或重述以前年度会计数据 本报告期 上年同期 本报告期比上年同期增减 营业收入 元 归属于上市公司股东的净利润 元 归属于上市公司股东的扣除非经常性损益的净利润 元 经营活动产生的现金流量净额 元 基本每股收益 元股 稀释每股收益 元股 加权平均净资产收益率 本报告期末 上年度末 本报告期末比上年度末增减 总资产 元 归属于上市公司股东的净资产 元 公司股东数量及持股情况 报告期末普通股股东总数 报告期末表决权恢复的优先股股东总数 前十名股东持股情况 股东名称 股东性质 持股比例 持股数量 持有有限售条件的股份数量 质押或冻结情况 股份状态 数量 境内非国有法人 境内自然人 上述股东关联关系或一致行动的说明 参与融资融券业务股东情况说明 控股股东或实际控制人变更情况 控股股东报告期内变更 公司报告期控股股东未发生变更 实际控制人报告期内变更 公司报告期实际控制人未发生变更 公司优先股股东总数及前十名优先股股东持股情况表 公司报告期无优先股股东持股情况 公司债券情况 公司是否存在公开发行并在证券交易所上市 且在半年度报告批准报出日未到期或到期未能全额兑付的公司债券 否 三 经营情况讨论与分析 报告期经营情况简介 公司需遵守深交所行业信息披露指引 报告期内 面对复杂多变的国内外经济形势 公司董事会和管理层紧紧围绕年度经营目标 积极应对 稳步推进各项工作 涉及财务报告的相关事项 与上一会计期间财务报告相比 会计政策 会计估计和核算方法发生变化的情况说明 报告期内发生重大会计差错更正需追溯重述的情况说明 公司报告期无重大会计差错更正需追溯重述的情况 与上年度财务报告相比 合并报表范围发生变化的情况说明 特此公告 董事会 二零二零年八月二十九日 证券代码 公司简称 公告编号 本公司及董事会全体成员保证信息披露的内容真实准确完整 没有虚假记载误导性陈述或重大遗漏 一 重要提示 本半年度报告摘要来自半年度报告全文 为全面了解本公司的经营成果财务状况及未来发展规划 投资者应当到证监会指定媒体仔细阅读半年度报告全文 董事监事高级管理人员异议声明 未亲自出席董事姓名 非标准审计意见提示 董事会审议的报告期普通股利润分配预案或公积金转增股本预案 公司计划不派发现金红利 不送红股 不以公积金转增股本 二 公司基本情况 公司简介 股票简称 股票上市交易所 深圳证券交易所 联系人和联系方式 董事会秘书 证券事务代表 办公地址 电话 电子信箱 主要会计数据和财务指标 公司是否需追溯调整或重述以前年度会计数据 本报告期 上年同期 本报告期比上年同期增减 营业收入 元 归属于上市公司股东的净利润 元 归属于上市公司股东的扣除非经常性损益的净利润 元 经营活动产生的现金流量净额 元 基本每股收益 元股 稀释每股收益 元股 加权平均净资产收益率 本报告期末 上年度末 本报告期末比上年度末增减 总资产 元 归属于上市公司股东的净资产 元 公司股东数量及持股情况 报告期末普通股股东总数 报告期末表决权恢复的优先股股东总数 前十名股东持股情况 股东名称 股东性质 持股比例 持股数量 持有有限售条件的股份数量 质押或冻结情况 股份状态 数量 境内非国有法人 境内自然人 上述股东关联关系或一致行动的说明 参与融资融券业务股东情况说明 控股股东或实际控制人变更情况 控股股东报告期内变更 公司报告期控股股东未发生变更 实际控制人报告期内变更 公司报告期实际控制人未发生变更 公司优先股股东总数及前十名优先股股东持股情况表 公司报告期无优先股股东持股情况 公司债券情况 公司是否存在公开发行并在证券交易所上市 且在半年度报告批准报出日未到期或到期未能全额兑付的公司债券 否 三 经营情况讨论与分析 报告期经营情况简介 公司需遵守深交所行业信息披露指引 报告期内 面对复杂多变的国内外经济形势 公司董事会和管理层紧紧围绕年度经营目标 积极应对 稳步推进各项工作 涉及财务报告的相关事项 与上一会计期间财务报告相比 会计政策 会计估计和核算方法发生变化的情况说明 报告期内发生重大会计差错更正需追溯重述的情况说明 公司报告期无重大会计差错更正需追溯重述的情况 与上年度财务报告相比 合并报表范围发生变化的情况说明 特此公告 董事会 二零二零年八月二十九日 证券代码 公司简称 公告编号 本公司及董事会全体成员保证信息披露的内容真实准确完整 没有虚假记载误导性陈述或重大遗漏 一 重要提示 本半年度报告摘要来自半年度报告全文 为全面了解本公司的经营成果财务状况及未来发展规划 投资者应当到证监会指定媒体仔细阅读半年度报告全文 董事监事高级管理人员异议声明 未亲自出席董事姓名 非标准审计意见提示 董事会审议的报告期普通股利润分配预案或公积金转增股本预案 公司计划不派发现金红利 不送红股 不以公积金转增股本 二 公司基本情况 公司简介 股票简称 股票上市交易所 深圳证券交易所 联系人和联系方式 董事会秘书 证券事务代表 办公地址 电话 电子信箱 主要会计数据和财务指标 公司是否需追溯调整或重述以前年度会计数据 本报告期 上年同期 本报告期比上年同期增减 营业收入 元 归属于上市公司股东的净利润 元 归属于上市公司股东的扣除非经常性损益的净利润 元 经营活动产生的现金流量净额 元 基本每股收益 元股 稀释每股收益 元股 加权平均净资产收益率 本报告期末 上年度末 本报告期末比上年度末增减 总资产 元 归属于上市公司股东的净资产 元 公司股东数量及持股情况 报告期末普通股股东总数 报告期末表决权恢复的优先股股东总数 前十名股东持股情况 股东名称 股东性质 持股比例 持股数量 持有有限售条件的股份数量 质押或冻结情况 股份状态 数量 境内非国有法人 境内自然人 上述股东关联关系或一致行动的说明 参与融资融券业务股东情况说明 控股股东或实际控制人变更情况 控股股东报告期内变更 公司报告期控股股东未发生变更 实际控制人报告期内变更 公司报告期实际控制人未发生变更 公司优先股股东总数及前十名优先股股东持股情况表 公司报告期无优先股股东持股情况 公司债券情况 公司是否存在公开发行并在证券交易所上市 且在半年度报告批准报出日未到期或到期未能全额兑付的公司债券 否 三 经营情况讨论与分析 报告期经营情况简介 公司需遵守深交所行业信息披露指引 报告期内 面对复杂多变的国内外经济形势 公司董事会和管理层紧紧围绕年度经营目标 积极应对 稳步推进各项工作 涉及财务报告的相关事项 与上一会计期间财务报告相比 会计政策 会计估计和核算方法发生变化的情况说明 报告期内发生重大会计差错更正需追溯重述的情况说明 公司报告期无重大会计差错更正需追溯重述的情况 与上年度财务报告相比 合并报表范围发生变化的情况说明 特此公告 董事会 二零二零年八月二十九日 证券代码 公司简称 公告编号 本公司及董事会全体成员保证信息披露的内容真实准确完整 没有虚假记载误导性陈述或重大遗漏 一 重要提示 本半年度报告摘要来自半年度报告全文 为全面了解本公司的经营成果财务状况及未来发展规划 投资者应当到证监会指定媒体仔细阅读半年度报告全文 董事监事高级管理人员异议声明 未亲自出席董事姓名 非标准审计意见提示 董事会审议的报告期普通股利润分配预案或公积金转增股本预案 公司计划不派发现金红利 不送红股 不以公积金转增股本 二 公司基本情况 公司简介 股票简称 股票上市交易所 深圳证券交易所 联系人和联系方式 董事会秘书 证券事务代表 办公地址 电话 电子信箱 主要会计数据和财务指标 公司是否需追溯调整或重述以前年度会计数据 本报告期 上年同期 本报告期比上年同期增减 营业收入 元 归属于上市公司股东的净利润 元 归属于上市公司股东的扣除非经常性损益的净利润 元 经营活动产生的现金流量净额 元 基本每股收益 元股 稀释每股收益 元股 加权平均净资产收益率 本报告期末 上年度末 本报告期末比上年度末增减 总资产 元 归属于上市公司股东的净资产 元 公司股东数量及持股情况 报告期末普通股股东总数 报告期末表决权恢复的优先股股东总数 前十名股东持股情况 股东名称 股东性质 持股比例 持股数量 持有有限售条件的股份数量 质押或冻结情况 股份状态 数量 境内非国有法人 境内自然人 上述股东关联关系或一致行动的说明 参与融资融券业务股东情况说明 控股股东或实际控制人变更情况 控股股东报告期内变更 公司报告期控股股东未发生变更 实际控制人报告期内变更 公司报告期实际控制人未发生变更 公司优先股股东总数及前十名优先股股东持股情况表 公司报告期无优先股股东持股情况 公司债券情况 公司是否存在公开发行并在证券交易所上市 且在半年度报告批准报出日未到期或到期未能全额兑付的公司债券 否 三 经营情况讨论与分析 报告期经营情况简介 公司需遵守深交所行业信息披露指引 报告期内 面对复杂多变的国内外经济形势 公司董事会和管理层紧紧围绕年度经营目标 积极应对 稳步推进各项工作 涉及财务报告的相关事项 与上一会计期间财务报告相比 会计政策 会计估计和核算方法发生变化的情况说明 报告期内发生重大会计差错更正需追溯重述的情况说明 公司报告期无重大会计差错更正需追溯重述的情况 与上年度财务报告相比 合并报表范围发生变化的情况说明 特此公告 董事会 二零二零年八月二十九日 证券代码 公司简称 公告编号 本公司及董事会全体成员保证信息披露的内容真实准确完整 没有虚假记载误导性陈述或重大遗漏 一 重要提示 本半年度报告摘要来自半年度报告全文 为全面了解本公司的经营成果财务状况及未来发展规划 投资者应当到证监会指定媒体仔细阅读半年度报告全文 董事监事高级管理人员异议声明 未亲自出席董事姓名 非标准审计意见提示 董事会审议的报告期普通股利润分配预案或公积金转增股本预案 公司计划不派发现金红利 不送红股 不以公积金转增股本 二 公司基本情况 公司简介 股票简称 股票上市交易所 深圳证券交易所 联系人和联系方式 董事会秘书 证券事务代表 办公地址 电话 电子信箱 主要会计数据和财务指标 公司是否需追溯调整或重述以前年度会计数据 本报告期 上年同期 本报告期比上年同期增减 营业收入 元 归属于上市公司股东的净利润 元 归属于上市公司股东的扣除非经常性损益的净利润 元 经营活动产生的现金流量净额 元 基本每股收益 元股 稀释每股收益 元股 加权平均净资产收益率 本报告期末 上年度末 本报告期末比上年度末增减 总资产 元 归属于上市公司股东的净资产 元 公司股东数量及持股情况 报告期末普通股股东总数 报告期末表决权恢复的优先股股东总数 前十名股东持股情况 股东名称 股东性质 持股比例 持股数量 持有有限售条件的股份数量 质押或冻结情况 股份状态 数量 境内非国有法人 境内自然人 上述股东关联关系或一致行动的说明 参与融资融券业务股东情况说明 控股股东或实际控制人变更情况 控股股东报告期内变更 公司报告期控股股东未发生变更 实际控制人报告期内变更 公司报告期实际控制人未发生变更 公司优先股股东总数及前十名优先股股东持股情况表 公司报告期无优先股股东持股情况 公司债券情况 公司是否存在公开发行并在证券交易所上市 且在半年度报告批准报出日未到期或到期未能全额兑付的公司债券 否 三 经营情况讨论与分析 报告期经营情况简介 公司需遵守深交所行业信息披露指引 报告期内 面对复杂多变的国内外经济形势 公司董事会和管理层紧紧围绕年度经营目标 积极应对 稳步推进各项工作 涉及财务报告的相关事项 与上一会计期间财务报告相比 会计政策 会计估计和核算方法发生变化的情况说明 报告期内发生重大会计差错更正需追溯重述的情况说明 公司报告期无重大会计差错更正需追溯重述的情况 与上年度财务报告相比 合并报表范围发生变化的情况说明 特此公告 董事会 二零二零年八月二十九日 证券代码 公司简称 公告编号 本公司及董事会全体成员保证信息披露的内容真实准确完整 没有虚假记载误导性陈述或重大遗漏 一 重要提示 本半年度报告摘要来自半年度报告全文 为全面了解本公司的经营成果财务状况及未来发展规划 投资者应当到证监会指定媒体仔细阅读半年度报告全文 董事监事高级管理人员异议声明 未亲自出席董事姓名 非标准审计意见提示 董事会审议的报告期普通股利润分配预案或公积金转增股本预案 公司计划不派发现金红利 不送红股 不以公积金转增股本 二 公司基本情况 公司简介 股票简称 股票上市交易所 深圳证券交易所 联系人和联系方式 董事会秘书 证券事务代表 办公地址 电话 电子信箱 主要会计数据和财务指标 公司是否需追溯调整或重述以前年度会计数据 本报告期 上年同期 本报告期比上年同期增减 营业收入 元 归属于上市公司股东的净利润 元 归属于上市公司股东的扣除非经常性损益的净利润 元 经营活动产生的现金流量净额 元 基本每股收益 元股 稀释每股收益 元股 加权平均净资产收益率 本报告期末 上年度末 本报告期末比上年度末增减 总资产 元 归属于上市公司股东的净资产 元 公司股东数量及持股情况 报告期末普通股股东总数 报告期末表决权恢复的优先股股东总数 前十名股东持股情况 股东名称 股东性质 持股比例 持股数量 持有有限售条件的股份数量 质押或冻结情况 股份状态 数量 境内非国有法人 境内自然人 上述股东关联关系或一致行动的说明 参与融资融券业务股东情况说明 控股股东或实际控制人变更情况 控股股东报告期内变更 公司报告期控股股东未发生变更 实际控制人报告期内变更 公司报告期实际控制人未发生变更 公司优先股股东总数及前十名优先股股东持股情况表 公司报告期无优先股股东持股情况 公司债券情况 公司是否存在公开发行并在证券交易所上市 且在半年度报告批准报出日未到期或到期未能全额兑付的公司债券 否 三 经营情况讨论与分析 报告期经营情况简介 公司需遵守深交所行业信息披露指引 报告期内 面对复杂多变的国内外经济形势 公司董事会和管理层紧紧围绕年度经营目标 积极应对 稳步推进各项工作 涉及财务报告的相关事项 与上一会计期间财务报告相比 会计政策 会计估计和核算方法发生变化的情况说明 报告期内发生重大会计差错更正需追溯重述的情况说明 公司报告期无重大会计差错更正需追溯重述的情况 与上年度财务报告相比 合并报表范围发生变化的情况说明 特此公告 董事会 二零二零年八月二十九日 证券代码 公司简称 公告编号 本公司及董事会全体成员保证信息披露的内容真实准确完整 没有虚假记载误导性陈述或重大遗漏 一 重要提示 本半年度报告摘要来自半年度报告全文 为全面了解本公司的经营成果财务状况及未来发展规划 投资者应当到证监会指定媒体仔细阅读半年度报告全文 董事监事高级管理人员异议声明 未亲自出席董事姓名 非标准审计意见提示 董事会审议的报告期普通股利润分配预案或公积金转增股本预案 公司计划不派发现金红利 不送红股 不以公积金转增股本 二 公司基本情况 公司简介 股票简称 股票上市交易所 深圳证券交易所 联系人和联系方式 董事会秘书 证券事务代表 办公地址 电话 电子信箱 主要会计数据和财务指标 公司是否需追溯调整或重述以前年度会计数据 本报告期 上年同期 本报告期比上年同期增减 营业收入 元 归属于上市公司股东的净利润 元 归属于上市公司股东的扣除非经常性损益的净利润 元 经营活动产生的现金流量净额 元 基本每股收益 元股 稀释每股收益 元股 加权平均净资产收益率 本报告期末 上年度末 本报告期末比上年度末增减 总资产 元 归属于上市公司股东的净资产 元 公司股东数量及持股情况 报告期末普通股股东总数 报告期末表决权恢复的优先股股东总数 前十名股东持股情况 股东名称 股东性质 持股比例 持股数量 持有有限售条件的股份数量 质押或冻结情况 股份状态 数量 境内非国有法人 境内自然人 上述股东关联关系或一致行动的说明 参与融资融券业务股东情况说明 控股股东或实际控制人变更情况 控股股东报告期内变更 公司报告期控股股东未发生变更 实际控制人报告期内变更 公司报告期实际控制人未发生变更 公司优先股股东总数及前十名优先股股东持股情况表 公司报告期无优先股股东持股情况 公司债券情况 公司是否存在公开发行并在证券交易所上市 且在半年度报告批准报出日未到期或到期未能全额兑付的公司债券 否 三 经营情况讨论与分析 报告期经营情况简介 公司需遵守深交所行业信息披露指引 报告期内 面对复杂多变的国内外经济形势 公司董事会和管理层紧紧围绕年度经营目标 积极应对 稳步推进各项工作 涉及财务报告的相关事项 与上一会计期间财务报告相比 会计政策 会计估计和核算方法发生变化的情况说明 报告期内发生重大会计差错更正需追溯重述的情况说明 公司报告期无重大会计差错更正需追溯重述的情况 与上年度财务报告相比 合并报表范围发生变化的情况说明 特此公告 董事会 二零二零年八月二十九日
